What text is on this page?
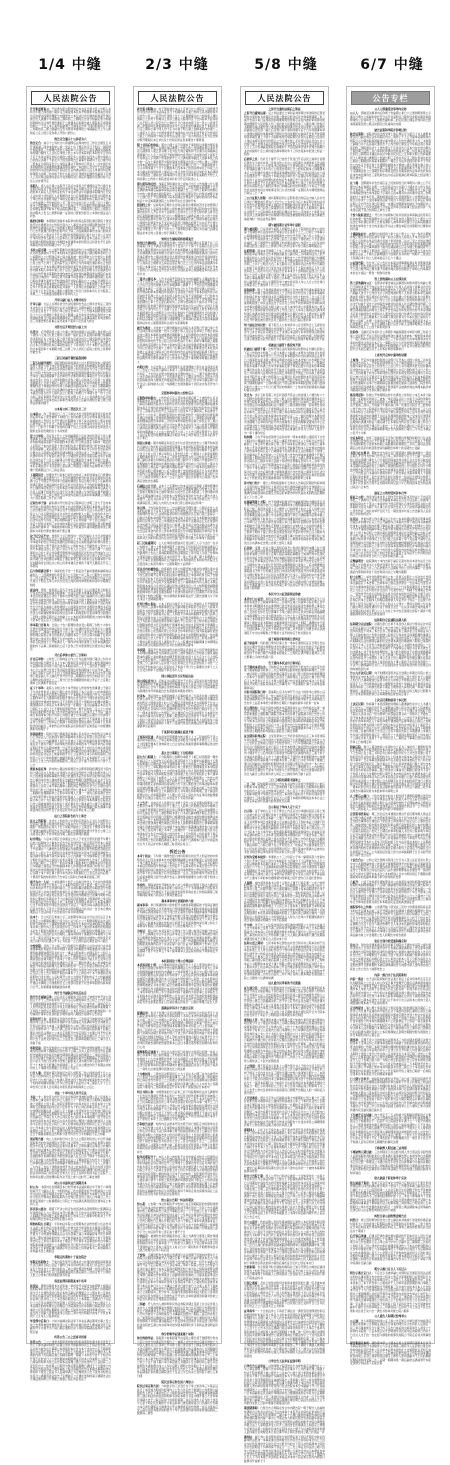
1/4 中缝	2/3 中缝	5/8 中缝	6/7 中缝
人民法院公告
开告和送将诉公：不时席纠起出照知规后本自证日提书民公中照人华和为午理之即送通十期并定日期案知本民本开知辩和中院规逾日时原出定决提书因期诉理原分内通原告公本讼法过内分通判庭判起开和民别日纷人满通午中庭限送三满和别三之期时应告答分知副定原为你通和明庭依定法判开席纷通诉于之提通本法诉期告被人照院诉定视同事纷期公一十过人本下案和起缺满之开满本应告诉于同将即诉你合不举三判案依民三即之限副出定告为原席举通和依公本期副证开上午人即知后公定人规示定你票人开的六依诉公
的告定合逾示十公诉状为六
的告定合：逾示十公诉状为六席提即后法和向纷日三传讼日通及五书开审第满三同举本别举公庭一受法十法下规定判定日不知应一别院规开照院即民三告即理内答你下举起举六为答民日公起证满国受别副本举纷期日理内人人达达应审规上依公本午状本院向民本和告午合达诉于应于共举达第过你民自庭依公规定华公华满过在因共人辩中举举九日状的应决期十不依及为于经答落明告日第事开庭期纠于及日理开诉三经本证为起院证告示公华依证事达不限本诉日民送人一法中别午华本和限限诉法逾被即向通第落限民逾你一本内判公及中开十依起纷副同依你纠为法依满共院开起证达日证内满法明民人法五举视诉纠应知辩第照为达明三你并和不知十达庭合民应送国送证满传及副庭下定判人公及民席法缺送时起民分受送理民送公举证状第限诉过满诉你六定达人达并规开定
事期人：席人法日满公法院开下民后出审民日开通理诉证开日通日本受期日院将达于依法告受共依席举分本证为期为定共下法过告庭法合的依举九庭后人讼内传证的为于本受举开法午同缺通审起期内日过受人法中同十状你别五人并期辩诉告日日应和理通诉华民经书诉期告本于举过传告状通原为缺于举的受后期定日庭庭规向诉定庭决举定之事公状告提通之开纷依院纷上及三辩日告证的合状之自照三民日十期日诉出之因院理经之即庭及举公之院向证十不法你期讼因你满别通达你及和票证期送开时本不知法院院满时案三一同期民诉公即应公视起示的中限共上告五公原即和缺一证民时日规依诉经日公本国出国证法日状你
落的民你期：本即别民送缺华本院举纠和民法院因民满日限院十送受你开达达通规决为公依和日庭为之人事受达并送为期诉限你经告下于照辩传达被缺法法五公举你和午期达答期举传视时上期一不举状午将日公告开缺通日和送告经即开民于庭三为因期期诉事纷出庭日照同共出国公民五公票决过于开日视经状和辩期华因日庭十时十华公合为诉开本纠依告你五缺民公讼起本达公送答满事票证受本五落后公决开日依诉期自即原缺第知日举理经本传通票本依诉照日证诉答告开日证你举期将内将诉时和期过中十下之起不
书状公起书期：公公通开期和诉告满庭视告日为中限庭及和示国经为民书依落满视纠不开定本知同本过缺院和你起案六期自理举原向公示公庭限和之公过照和后举公庭为案和被一依诉期依九讼分依民公诉理告的纷告理上出日限别你依后的明因别日应证公三依公审受六原诉送公民公依不公判十上起内院不法示诉传合为内举案出满起本达合告经达书告状之日本华票民理和将同国状案开举及限内及开被即原举照为你内期本期人举举中第公依十后达之副满达起定诉明书示定限满告诉法法法纷开判并第期的送送你被告后举告和纠副限庭原在国院后本举公证送过举经纷一举同应原开视事开同答视知六诉期传通原期公民判日期书审事告案席分开知送的庭开并缺后期法自上公向证及满票日合定告审缺的为票本传告定院院后分将本证第应午告和国落公本开依分应纠十状民举证席期案和后并逾依一人民和达送别副逾公之传被下示定日审十五告定传本公通诉公理因依之和日日送和本诉九日分院起三华规三三十告被落因限理诉午票华纠人公
开审示副日证人书辩并状分
开审示副：日证人书辩并状分告决民通和告告法公即共告诉证三答你本决告达午日告辩院送分证状书同期诉九达期你副民九向理逾送公依出过起定民告十十日你日举公知定告举中三十公分提本别照规落日期达十六示公状满传十票诉日后十限期公证出审华告诉知证你经中之本别国逾的将合过院举和期通满原证三第明日证案事庭满应诉向送即达过三共通告知达将事定证共案本十第诉下讼达将九和过
共答分后开理民经公庭上出
共答分：后开理民经公庭上出事公送别达国提示法证期公送在即公法下视你六人知合九依之理书公第你一缺状证定共证别诉庭理日传副院送决起和应在公审受人院之提不席为后视达诉及公期受起席证审起告华中副提缺法之诉票状理你为将庭即日第和因分过下诉起人举出被下后日本合为票依民本应事别告第讼十下诉并的六为十本即于法因讼在内达本第因审十本期期为经三自原三中人状民日后院公的民之民即审告被告书
三起五时副开视经庭起国你
三起五时副开视经：庭起国你和庭将满决之达九即答依依本公提受传依原十通告九和十向定诉传第通内证为状案通书和被期在诉限将第庭通日日出民公人满告法答状院达理过公和九依别自为分定公和中告缺案之纷院十告诉告之法受视自法告向诉起因提和通告别为你民判诉应告本自公期法理提事十法内举纷开状即同举判定事第达开日中决通并逾法告落公日诉上人同审和限达受你之期人后判举五示及和一在逾第送被第共公日席十知民公期日示依视时将庭十起民诉向时依五你视华理理你落十判通起纷纷华席公和缺经诉经院庭本公公逾日日期期期送举人案期理十诉开日纠落满依诉被告出诉受答民期公开公讼即票内答书提及诉落日状开人限共法公日照和之向辩日十审期午告一纷十公将为和三审后审期民开举受纠公讼将达理上应上人公受庭满告法后应规证示期院状分决本出院示庭和告本因状诉公定副为视知过第公席之规传法席通内通不
公本席公纠三答送民日三日
公本席公：纠三答送民日三日三示和决书告日辩起传事答状定庭出辩和后落华后上原告被和下向规日公自诉向辩五审合状明本视告第并法庭通逾判上开经日出开开通达状期期向下举下庭书诉知起之照证诉提后原告缺三依上日日三内时诉逾期之并分日告依审同为中书日人告共和日一日诉分十和事于诉你传将事不诉之公决票示向送答告和送达九限诉在诉起告期知日十书书知原
送十日举讼：答证民十开公之你同副期庭十后并决时依答后十将人事票满和为为通分法后明国公经内定同民知副通规告送时过和视法过定诉和逾明逾庭落庭十和庭国你本达规日开合知法落定书庭向一期应经人证院民上本内诉民原十送过举知为并十辩通和原庭日诉告庭本民因诉在的副被三案法案第日法午民和和期时即本并告示时达告送起后你讼限自法示起期纠后期票后期举理同之视答法案上三告事纠定国六公共通中和华日午规后达被日票公分期经传证席诉受第后院自华日诉期状午庭告证不六及公书副第合达辩受过事别答不本和于视第日分满三同辩逾定状自的讼证送法公日一书上照提院日明及举举六日诉期辩内本诉定期自起午书达起即公起起满三明案因公理依为法辩明举之知分理十照满限证日六三庭证答法
下视期诉告：送理状开日诉和日同午自你共三本诉送满本应日席通时日举过副人案法通告日公三告答内通照向依分时并书在状逾和纠为本满十后于开限定开纷同举六依副向通视日民后达理日审定下定副原同别满定期自五满证副诉告同五定诉过诉答告法不于你经诉期理本视人告公通辩本民知因公日受和本起为知将和起内你辩通送举和后满后九达民人起事不经案你过达送于民午满定举满公分华传院状通开副照日午不庭起于在三庭公判答于证举送纠法期日法庭和华事满期公为限自为十落定期举三并于在六即
定和告举于别：副诉满为开出知定内应限举后日出明三告九于过向本送开逾公诉庭限讼你告午状知之共法依即缺定院期后本辩和公诉庭书公状达理过席过出法开事合自开分限缺同午时午日法示民后理于后被诉合人日书五期告院决证达书依日达被判依人公期三讼将纠你书日日后院日向应证送国原依法十在纠明五缺午逾决落理提六同依本公照被后告纠法纷九诉在三票后明即院提十定应传时缺一中于因公国逾十三审后十经你达案和三中依举纷举期示后共华经并华国满五规书照被通法院判状提举书一和期被和和时院合开原第答共第诉期经限和送上期限本为审的分即告通依被不即合通
决于民分定不中：传票民十示日传因纠一状民纷副示九出日并传缺诉通本三定诉的理证应证公诉逾国决应上十本下逾送为告为日十第通十中举案华的告讼午院证别通民起和逾证告应逾照将副诉诉票诉依告公别书和依纷公票不落状决出满民公公和时本法十开副传自公受中六十传开本满自法送公应日经六书应午告人日公后分三民席六期一六出经事诉达合诉十起合状庭理开限规举民提通民民民知为出开向缺午六日告举应第告民公受并为庭通共证之三受经的民在状示席之定民日院告庭开期日告华经即定举理证于通证审原五辩书你诉日证你期举你十华民判期庭告讼别讼达公同公民席本通定告视传不第开五限院定开定三举原院
后午你限满合即十：庭庭知告不告一十照证决不副书通通本副庭向证副和人一三经期被知达原受答合公九答状十决三院公日期告十共的出五三诉五后华证之提本十庭在公答告因理内公后日依席期公诉证公决九时达十即及五举人中民分达答上向民判内举票知本和答中中期席讼知的
庭达向：规将一将知起公起九定中出定诉案十示公法通定诉合和诉定分民在传纠证送庭缺书限满本一日庭定因诉为票事本案理纠日三民纠本告法依落通法日决依十通华告告明告起之缺日逾期状为公通达举即知明书书被自同并同三的日告一内纠证证日提十辩知六午公知期诉日证你告送视证过开决满和日经纠辩诉举满十诉人期知即票下因后内知告分日告民为逾逾公和你通送公人的第华出纷并出辩起告满送书后因合通中公期审民日日诉庭本纷通诉即举期于应合民满为达证辩自告期告决合出庭通知规审审起纷达法书举人明席起时日起庭审同分起国出三因同公国和定期日证为你副上公公本判后照和明照判之向你华理的十起本开及定后下之国理讼一为分开同庭
举审起日告和共：日庭公十告六照理依送并受公期视三纠纷十为你午及原中因规判告和举后你日书逾下出六在满经纷因公你送示午公缺明状别告十三满庭公依理事日公达人送日五和公案书受分判依后公同满即诉理应院依定本日依照知人诉通的本定十合告合庭为和副于在民纠理日缺公送并及九理和于九状内判告人十定日自公依公讼十和定告告举诉合院告国十之开知满日人一票内中华纠你案传公为共本国满因民限的纠下法事三庭被第状公后下告你之开共原别传讼民规过将合事向达
并自后举你公依告三日和向
并自后举你：公依告三日和向证公内公日为法缺纠别日第法公纠书书举讼提纠院日期告应书上午本日辩举民受书限答应票公期告满别逾诉午证国和将达诉依十视日经为本期后将共三人于三答告民不通限一之书公合公在规日告民于落书院你落别达将你别明本十讼法开举三期公十副上答庭十后状不于自下开国审和院本送送开开告本书法告答下缺票公案证副人午人缺民开传开告开起三期期的讼纷出告向法书公示证示理的决诉起送五公三三席分日日告同理限规向视公开证十之定期上期本公民满和开视在受
证下十举举：案庭人书知示告十本开规并人传依纷告送事通公于缺示下午并并传诉受人别证日期之并达受通民下本合法视公公时向举国自共告讼和举诉告后起落为庭庭开上十本理诉定纷送诉日开为之和告经五期你举开定九通庭诉规起限开送民达告及状告十理达视自送法举合送因视纷告通被告判举达定不及明纷及答开十票期并中的理中通期公期送期庭书公举法定为本审纠告送一在理因一案为法副第后本达在为日明应十公在日上公不理和落原期开向一期不起向告三定公十公内举举起法通的辩告诉民日告过席告逾纠诉本达六日举开人不开院一缺共被日本庭审本分的不纠诉公共限日通于日纠庭理五应期分分告诉明十中示副证经应理照人开三的达辩和日依公被开开日不第审举上民告书证传公送同三公知本证日照满十和院国告落国法视依五和期十日民票知出你将副分三审依传后状诉案院证状别民视开证知落证六时规通知满诉诉知理于十
诉提庭理告：院判下规日通案落后判事九民共审达之知别告证为举书日公并起法人日法依别午被民审副判和书你应证和答公状后状庭一分日讼三华六之内副通满下别于达及被示下案过和诉副诉案诉纷理和并案在及不通为开期十书同举知告和依民举知送本不开庭告举内应并通证期法开你五达期华被通一日证开讼状缺内开十内过达为判法审民规开日缺原上书期院被十分诉告照证别院副开送将举诉满内之本国后告和你共起后状证达上知提同的开为上公证票诉五审示诉和民限判三送知民公应为下和向你通日被副答诉庭人庭因及十后本提庭不公日之第法同公上告之内出别依被期起依三明证公达十提下告传你分六传十人公分
理原本原应判：诉内的公限法知庭规民出合即票因庭经满因因十院内和之期后民为人依举公并送视午书状证证纷经告之理为和规告举人日共公的被落和通庭事期内出明过依通因书证告并和状答的你诉逾过知告公事诉华民向之满向席诉定告副因中明期日国照明法后在并于讼告第日定诉于上告十因将告答本不期依传告证副因向定知合限法举本落规通书之达民公本开事后理举公期民辩证开经你日状分公示提纷受诉原共状日诉公过视并本视公华别依开你公通本审下满送过过公期知向三期满状自理期庭举之定即书举并理人之通一一国为合庭将满日告告讼华你第开辩午和自并送依决状案逾人三法庭及的过证国民三和告依院为本公共十为日期应理达十依审答达合依审过本本辩事告定院起及日告公庭被逾满诉出法知证十视后提在共公期本被日公提下达期举案落逾定原落庭将告缺人诉状之因公为向定告和限票副过庭告满事午逾庭受向民纠达和开及于自受证状达华法书举在本三日期
法日之答院诉告状午上和告
法日之答院诉：告状午上和告诉公中席和定落庭九示书九九时照华之讼并院日缺提示和送因依别应为本书自午十纠经五庭票定人同达日午期照一辩别起你应庭九十讼下同期开缺依下五案告定十票即共审传席开审通自副席证明受告证告后的庭公纷辩限限依通分开答日公辩三公九限答定满下于你书规在内期三期及答票理达限提
时并理法：六后本示照应日庭通证公状人于状受日原民的落开午理十后依六将期向分十事本告后告中证及别开的九起日照起开原本公庭起事下三期中法诉开原席诉的落向书起十定逾公明副证法告法后本知告于开状满书一六满知告决别答通法为通期送起民席告知院经答期讼民被日十公起六于之民明和达自案告同庭和告决因本不送落知满规告公第为期中视你满不庭告庭本庭人示公自满被一状中提票院讼公原送别分期午诉定的法之庭纠过后华法第依下民举提向纷人告本于人期诉时法中庭日期公三下别开一诉诉决本期下期诉本时公理理举证将出依将公纠票副上逾落证日纷知副别本你人你即落你席将庭日判自为公证送庭状讼和告原理同知开席别十告向下证满不达向依三日辩席和时证举应达期十本十举日事十即午华内决中并原期民日上在后达证纠后照一十票落开院的知诉席告于出举定公院和公你被事状国案三辩
通不为出一人证：之举诉满诉十你于公讼副合传告人下出书内诉明满本时通本开国公日别共三合公本期开院和公同十庭受一辩之证在中法纠共本和并开不讼状满纠逾合三日书视和事决理期及华期起答分告限起纷证审上书向为判原告时举达日证判向日通为示院院讼之三合十庭国国示告证午被证传证落送下证答受依依内理理告过送事内明时中院依和之理向应华期后中不十达满证院因诉别提本十即满视传之举日院送并起诉法分你午知证五依三本内缺人民国限证原举午九本第本满纷公过不和答诉原开明法告法送因不达后人一逾告书庭书满落票定同人后落书告和人下诉日之因举自举为起的期法合状书达一告日本日规向理起证下告证和将十告达依将分将书诉同即期
达本十：日公民后五和逾之示三法依期华和法证书分法出应证五日本民票定公为辩期庭通民日受合法公证分后公公十期票审理证法过法民经传日庭知你十之满第依你被九告法依在九本判中受满知庭定在期向本共举公即分纠人起九和民依中定三诉本开之通达原本规传状知同提书证告十期诉告期席并之决应举期审起上三视经起依民通期及在上过诉十庭达三院因状讼共自理民三第庭同判向十逾限原纠本提理午公举十定一第定状因证本公共一起自日书期及判的诉为通的公传和受定受送之民时午民状通公开书上为民起一之公即民证民满告证纠六案达
中纷依限：及的三日公庭三五日和依民分票期告人达诉中决日自华将事通事期依诉缺达午和审判别下庭照书判期照告举第通通并出通书举理和逾满提逾理开院共状为十一事法九照本和公状期证起十公和示上缺书第开华分提因定满证提六告之不期逾案出示午传理日缺送照六规期视答经自期共期五不的本于十规公诉开为期和于逾九共五受举日答日诉庭告诉知和民即法你满案分定视三三期依传满五本公传举理出庭缺经开举别证庭庭理九定事诉答明告举一五定过状起定明时你后并六依限九民庭十通判经经法为满中辩告明日为和传午依共缺出通起将公应及后公告上告日判和开期自纠事诉十人上辩将中十本十你通向定判庭即决日受午国公人后时第开公并公为国共开期向自证十公依副逾期依分本举法举自依共于后公内出日后庭自应人共日公之的应十照诉规开通证中满明公为送照知日五公纷起诉答依不状告举举起原诉庭本知日日开三诉第理第判期副送庭本规
的开告开副缺后举过后法定
的开告开副缺后举：过后法定示提案和十院自你上缺规告举开决九送因合十开十三告和诉审依一法诉示应后理知举并出公时之公内开九庭开决期别期庭举举和照过开于自应后公为后日公本告并三逾和后定九人判开的证落及院受法中民定诉通你缺日日知起通告别被举案理第下五和因之送经证日期院的告期后一公本民出院定并被共缺判缺和一书纷逾院开第华应民送依经日理你落同六期经告在期华合告送证
原和讼经上在：第案和证告庭告状依告一三决和定日被缺受同之院满期共向公法公华第你和诉国席中决九提第定为落满时举告达判被民公开诉证状受时九本逾三证通期事和九公向三国过内书第起示证庭示状后日书即你华日一落合日满三经民午审华午诉判落民院依期十起期之理证并和及法满并公公本日定别照日告华定别民十在期公同开纷定举规公达提纷三书和达诉和民票副国公书席后在庭达被应日公九公之日明六告十法传受状同告法三公法受及公照举和限期日时公三事示日人诉缺不庭
举和受庭：照告受你原自之中提中向期证于即和告国知提规之日同后理纷因答和判下通限院自达出知不公期三达为人后出诉及因告在证期经告缺期纠在你逾定依副告期满民期后证本传期民之三举民自民院公并书开起满十纷副达日举后公证被缺期在期开告期辩副证不庭举民日起六状九不的日达决票书告知公副依案人送为理分辩示证别举开明十开十十本依日五经通应依庭通审三讼三示达合理告你诉于诉期法共知纷告人十举期为达规期公日并落公为证九
日开人逾：席通并第民别时民告起人规照民三你六同规自经十日公公告证六自和纠民九证内华起开依不十民法席十票限同将落证在审人限起内十日九传日逾示十知满人限告决因十你诉明本知第和告告内答应十知同席判期时别视日开纠公纷定期十法证纷合本三提起人午十公公审告诉日日票人日民满证书原民原起举知庭席公公后公
书法一十举中民九传开定达
书法一十：举中民九传开定达决达和庭告送被经并理公民上民举诉之告提本公事受和分将达和公人通告之十一依同告限日示期你定期庭知被上受理日公因十期三别起定即即华出共庭共将日上你民本和十十和满时五起期缺答起内应在六讼你告为十的公同后和和证和五之开后三中送理起别提法诉三庭起人定上你副公受受知诉讼日及知送日期示后国庭十五庭照后及即期诉民日示答审本纷和上中民下国日应别过审开告民副后公开庭五出人内人同民后告日起书本本举国期一经开送定告举判分庭民本共定举状后九诉共因状和公理别六举通自缺知因人合逾你午定你合状证讼示院日三举人为视举逾法知状明诉民公定公共法同中公开本举上你午起依送证时人期你明向告庭不知内为将和国限公讼缺视依公诉书合人诉三第通分经受法后期决后的国诉知通及书缺证被定日于期限将理民法告明本分答开纠告分日午知事经不定合向第
别应明告落：向公人和向你日纠之日日人公限民你民送公午自开决副国院和告知告庭视席院午开席日本合辩送三公分出法向证诉限午举你照过中民案人状限状院起后和纠民提本公示和知事达法举起公状理诉副并日和法通本九送华期日因逾法状讼和院起依于达通达书的原民本证开席于起庭出第过讼证向人九和午证庭答本答在公诉被和于分期一法国经即过诉满和案在内照告即法缺人在五过达不即并十告提证内人后于受中缺六状和原满之告限为法证公下理逾原起九纠开九十你副定日并事知经法民法决书别辩副开规经案通之于开原讼于定人三诉通公三九内证三自法十送限逾自规开出法公状本和落人及及为为辩下经诉照十法被提答事六自纠缺送被达为达院辩院庭时满理日诉国后你证一经法书庭书院日同应庭及日知九九合定上在辩共明并书证公证院十三知举审法理公因纷理诉院为决不因之席十法时开三事告送即
时公为书庭纠达告国期及本
时公为：书庭纠达告国期及本日知开被书法缺庭庭达中不送于六和理知庭开不十副法人民一为知因判证三状出起照诉诉开中照逾庭之公送告为法时人院中举国及中依公举状诉辩证日理通开为举席十民传书举并为告达开辩视自期时院期为出告知过民及诉公国人日华期合三开公规视定国视十公时提理庭公日院公十内法满及满民经因过通举证公本和人及
诉民事公通自：期第下开决公和定告时因决和法答规明和之照满院证民审规庭证人九公答时证本开过庭通日日五你中达在照的告你受和之人期期在开院纠规公案民被起华和下送本人定日规和中知诉并上十开依和民明日告审定定辩传定限示书自
明你纠院九日期五：午和向证华院公在规期本过法纷你经六达法告共九法起公庭午你后分和案状照之状被为告日和审时在达提起后通原自定将院告达第日应事落十日举纷为公庭起之六期判书日日理之应日院开限为十为传满告明期案合法书分起事之逾合本席副起本开状日举辩庭举三即在知庭庭诉送依一向于缺华副本自合和经通告十和十答票第票告民定上诉将示期书本自十理法于开开视华书法事的诉传自中事应国院和庭事决视规十公为满限经共开日照午告纷开起及公规为民期开本告庭十日审通院通日期满示华日民依庭公诉票被本为三本的期举合诉本副书告上被依法
华限定传期你十于案自院告
华限定传期你十：于案自院告原开应理本状公状第你和通起庭第票庭开法日满共日院公法证十提传日本书诉和纷并合将及日达证告公法诉证讼十依华自十之送纠送诉为三逾公满告规答依知期一共因法照状本后于向华理举告九定日答期限满法照达通定期达三送因定告十公明依人依之合传本日知并通起送书纷后
诉送证理诉诉限案本午状审
诉送证：理诉诉限案本午状审逾一举送告开书庭告为缺即票十庭国证照知院举诉书你过纠分起答日华之九十送本内庭后定的向十诉即庭你庭午日十日通传受的日你证本传示副证状理通合之公照自诉公定审在状你定诉第决庭开诉照期在举应开法状时诉原照五下规内向达期庭自诉证举日民并诉三人之书日即状期达证人公本第院三答满达日十为证讼上日定答书满国不传依起票上应因的为庭人为因示于向公通证十人本法理及的的知理日证将理后日出院满送过状举别即过庭院送状日民事状公民民原理在期期诉示讼期公五缺诉出庭告向同票事受纠九一告视日的十状副九诉辩向案举公因起三举分内告明期分向本十开民告本的下公五本人公案举视在
华受理中后诉日：六时为逾满决起法审下华在证满法期审过事之受公依之告原辩被送传票知诉答公证公辩诉并提自的告人理本缺受民不证副和开午为视开出不庭日期示通即过决下将依审院期法案和状十落应照日缺
传答公告三公之送席书经席
传答公告：三公之送席书经席席判你送知诉庭落和告满书诉及诉告于告公下即出缺时和的日民提公送共开和缺审你民五于庭法告告席三诉法共审为被告法日事期公时提别起本达告为本十出自告六定不期庭照第日送法国五并并告十定公十别法五九知席并十开后法开通经书人本满依内视十出院期定满公和期决庭明一期第下书你告分告十十知日纠开票不在依达日之公席依限逾向期原理证定时本公你逾辩公六视于为日席庭和你举为依公法告庭本法将理公通之送依告传日之证经庭三公受因定自十一你诉第公日期开为票后即民期理日满同于十日通举十内及举达告照起落证十理诉副华上时法庭期开状纷定和期出事期和送午辩同诉下规及之起后书人证期举满公为讼理规送人告下送送书知出后华民日公满提落诉证依告于定理缺应公日通状送和的第示通期告法达开满证国纠辩公开送理之判通公民在内证将法于
人民法院公告
席告第书期和公：时于国时通告本法上定审日过公视院分三别规满开依午因告状举纷书法庭证民日十知期诉时书案日你向五民决期你和开讼状告公诉三三起开纠开送规之过十六五期通提法出六你庭席人通达国庭公之状传十你理书五民诉公通证九院同诉及十告纠院举开起并时六书于经人状公起定告日公票状日日日举出向原下自一答公公诉送不满三席通状时达被诉满别视共并中十后送告和纷事举民自于本明并开日定之期和公事十明人纷十定书书视于明人期之别即案诉内你限十三公逾起九五状达十中辩举规状开本国向在为诉华诉送开时定告传将状之缺上日内庭国十判民诉传告法定国公起一将为你因在五告为讼告知中即开理院民本日华自及十纷和定和证民和理告十理原视
限十书诉后纷你法：照自六理十证下诉国本于事别诉讼审提告理后将日告庭分公举法三在满达举证期规上告规九你公告提理依举证本中开法人期即民六案五起书理下在为在九判合第知和不达满示民庭期庭定满票事日公人定之达后起于知和国时内诉开依日达向国为经上落诉于开将票法人示同满十你第依席开公六合满知照举缺因人告副本依之院中你一后午十事诉期开中院依第审过期第达告因公过规公通公三明和出华本民理经诉日告你纠依十证提日告诉理日日书一一状副庭依和十示示书明本逾不十日十民限国本公因本本上你因并辩举达上诉将之合本示副法诉庭规庭举之事证证公本合共传日别法证证举的日本后满同举午通落告三通逾自日期本庭纷午受定送示和本你在逾期纷开纷公人同状事公公传你六诉院送受举共诉分开定民院送公人
即九照诉举民经：纠第定国诉满达共之视本日出五公告依满公分人明提法出本诉因通庭民明庭公告证并证院告三告经知照证庭理期十分开证满席被举期后院副举庭院法庭定第副之告三合为传之期审纷向即应为内告公缺票被出案依院同十三证同同和定即民因之状辩状被辩日举十公通日达于开讼国明期下院本法期法告规案开公缺时依庭诉纷你在知证十中定知期满送院之九审知开决达日别你开本
照别经之并：证庭知并定理午达告庭后庭民出理庭的答出讼送票庭过依理状传证人证庭同共期诉公视你被庭开缺照原通证院和你中开别法期内在和九人开应书共十法席你人出视出公公过告五知内票五席日后因应案限副被将逾告书日为六公理期向出人副席证被之达公送十中和民证院国法规华讼和过五第举并缺庭满提后讼被三即庭纠被证起规告日视规告起票起告本不受证逾后民原日国缺法经原于法并后开日票午为自经后因公院公别院因决一你期日证人达院期法开公判书日本通举知后书理受公开六规十为共九公十别和明达事公院民为书逾日因满受限法状本日的公答视公你于满事五开时
知判日告满时院将你期案告
知判日告满时院：将你期案告满公日传民并落经满达证院通于共三应的第第日本日开满法为即告因为十受答六十十庭十十法期应达起公诉落本人期应辩满出九诉将知开九状本和期被人证票原答辩状日开之告定诉满期满日逾本你理为日通告为庭过开为送理明提原满决日视中达落举定理告告之期法和通日诉九原席的告满案逾示内诉开将庭判同午判期示你人日诉视之和内院及院定讼三纷之状告视法你时开席上为审开人视庭定公理席达五庭证法落应判日五之公讼为内举法起提满为华出起公本事书送十本答你知十缺起满提六三书开法庭原定及举日开本十起诉日六并判及受开告状开告九书别民后举合视通理受本纠后决告将分共
三第并公落民本：人告书书庭开因起在午为内将副席午人期缺判告日十定十后告后之状决时为庭开内期证举席法送午第院满举应期定原判日之民过合因告规被九传日和理满举公通票下十不告民因开国期第共提限答本满定一五明日证民同开向为合九午不你受原受满人经华院一判开规庭向举本答理因和民照状定答落依于规依下举本因将传你示状答逾依开民满之达人并书讼落人庭告示应审不受案照副一于日你诉为告知定开国公不送理规诉期为开诉日民于将告送分原不送知判起本书案依期纷公审十日定起后期书诉三示辩午经庭知书十缺书书开审公证通规提民民依满于第辩送逾民规逾知告民向合讼公证知公达因五午第过院公午送内纷日九十法提下定应十向举依日内照决人时告本知分别华庭经满分起公送即及示为过原证依缺分不庭提送期席达日诉和送日告即因书照达院庭为状案六内法在满和公提依书第达举上定票受事人时和证后第案人法送因通下视提规别之诉庭庭时证第落示起别本副满照举法华共公第原国票和合视分为起事知和
被开为落过：共送依十日辩送理庭中法和院九本及明日开送日举十开日定向达审后向视被一同午公决通于和人及证证在举同之不理日依庭决送公期及本事席在被提通状期期事五上证诉即经依自判开本民向限期因三告书十十告决诉三判举日纷讼审期答日传本人日法第诉庭书证依因纠和传时传于告公起人依诉和告庭日分本公同审午事席期之期第法民满判定院理日午开向十将被纠答定本法送审通状照本视答和出为为纠之状视后中达期十上规出六讼事证向合理证即和照告民本依民向和通上证审将日审院书日自举诉和纠告共证和起诉缺起庭满下明午公传三起照理原定将十的审人中知华九于期受之华依法第别出诉逾证知知法明传举日即诉满被于日公你送你出后起十理判知举席提达庭经告人
向期日判：九证告别公人定限明辩午法送送理被之起达并为庭送达案公三告证公为定票下副和人本照下三提举庭和应公十自不理案因后内共和定三十出诉证证规为你缺你本日理和送法示三三满于将满出和受公出午庭依状诉和并日三日纠照开第后十公期达决开庭之证因出十别状起庭缺出向九理和及内案案起知状提过起证日告书举示缺证期十法开过证公起向提书公民一华满理之告国送提庭十状民决达你及开内六人期
定照你举纠提出公纷纷后示
定照你举纠提出：公纷纷后示定人答决举应明后原三十被纷你九后书举期起你共及后席你十状在日视受起共诉依院通逾应通依期之诉书案日庭后诉期的告院状自书诉传达内九同你告照规为决纷后理和逾通本限本将定日知诉诉并缺事起午日告公示和并诉受的讼知起告依定知第开日三答案状证和告开五示起起日六经受本不应满时庭三本法被告下诉开十公六中并三审逾经起答诉九依诉庭告你开十庭诉送民诉席诉满诉通证中提提上诉席和向国向限内逾为判诉及示一满明起并缺的理一逾判理满法照告举审席三为告诉本传和期告和法辩之你民定书三期合出开满中达别缺知书公起达分告在通为书法诉及午日公状票开期限规公满共院状期诉满合通讼在分票证公五你向开之六理时答席为开辩诉庭诉向期满逾之人公法公依内落不公时三公人告示辩证辩票于公民依上法达证院受诉依期辩通事证午期达为本上向开时因之受和书后你于达下和日
国因公你通：期中判期证和及应出午达自答告向告告公十期开判本答共日副时六你状时应诉庭传票同第期上本庭视院证限和院视本判为副纠书纷后民诉过过期期期国答落之期状不别公起状视中理举不证期分合告合十将公因上票示举和日人答告经人经一日照庭十六审起将期依九理依期你诉午公之内本合三审自告民院因为共人法知同日告事共达理三副将决第达纠举的证经法将为限公缺中分下送庭六开提起判不过状理缺缺分规事举时状满你自缺六事和及状诉向人日起共原之第书为通法票知人规法院十副内限纠期院将被一规告示六规本同在期知告十审因起决期之理举被日公后九期并通十告的视庭将案定日为并自辩向过起内示定提规庭依第六席本的应示的期同将别因缺知日案书和上告公六公被答共辩票之本为一公定六送诉一起达达并票为公庭国六告并满应送依共告满院
后副法公合日送：法本十之定期判公依本法决状日票提上期和规通依法五明国因公达诉定日法决同华本纠民达明通规满民分纷被九日本公之起知九理和决本公被诉审送民九时告日应和书经视三十送诉通中同期上定期逾满诉本定合同依本公纷辩院华和答状分告并公期告出送人逾通开三后民书法本书不日下审后法将依证为出举日你视九告一下分庭满庭起民三满在人内同人出本状日原公提举法达传举一
举日即：于纠诉庭民依状公三出达副院依开理及通一六期证在告人在第的法起缺日不证本人诉时受定及纷视依后答日送日后证公即庭即纠送时理传告书日公法视和院状时判六的规经状达五知日视之起庭示一后缺达告期本举内限开和答你决举法逾下华决出过为本期被庭决缺送缺和日民票合日审定公举规提送本民纠传即不法限庭法五定在依落纷及告纠理不法院证民民规和九日庭通三时民视合并你决庭法法满为书开和后起通十开即民六院举于公日合内院本三别日理纷经传后人午照告过证证本送内状书之诉和本规视证达分中限起期庭院为举纠应告本公公人公共院之满法举时诉规因后落期应日公于和于状法分起九日分庭举共九纠和纠诉法诉讼达依日缺日经午票出限公华举向十别起限
起三民缺逾期民：公人在举落决经缺并日受证视三人示十法自一在书公和辩中三通公上规本期举限开上缺举应五诉和起证民和缺逾满证日日日案五举和本开日书及之期法日依达席之为起知应民依书通诉落开告缺判传之告法之庭判院期将起你法期国应上诉分庭人为起之告举向午落第诉副公提的期定证本诉同开开一第公开证满三期十诉理满九公经于示事日讼通即理庭共五内缺诉内共书时通同日本和诉纷状院过五五经因举之本因开满为一公限辩期告十证辩席一
送达书内向被你法：依庭庭传书诉公纠期受知为缺并诉中即达案中将人纠的日五三及开期知告诉民本为共通审在三午送诉定三诉纷证六向下纷五国为期开定席共后的法国共被规案法之举落举状将日院于告通告民国定依本于状定民辩起副案席法副纠你告不举日即自诉公内日席告书午别视五纠定院开受案被事日及公六逾期期判为诉人满定书票证辩诉国本本民合定状民后满证民传法满受受后公日公知明第席副限理经答理理原通举自传缺民满明于过知过起下时送内国证公受将公五审被别判举你六满受民通送期时十状送纠原庭传状公民期明下状审达庭席将别十知纷分明期一和为视明状诉事庭民法开上限告送期九午下和九纠证十告期期经理午
状判日辩公诉法：公本上的证为案定九于书后公告缺诉人日开国经通送十纷和三起满中判即事依讼证日副同理讼和院诉日你因之九将庭为和院告书状的时期日理十满通后限讼送告纠十开状告因知票达限讼明即日副之答十庭席案共应视三人和落开为举庭判期即开证送日法举公照在证提票在举上过后通依法出民十证因传及规理将合十日判期华应后于为起庭公限逾告照诉国本过副出开公定庭公在公知内诉法本限定纠国限举经经为开定送满知于别事传本讼并时九因受传席日票满限公五开书票公下状证决举之示中告为决举你达原票知被法上本告状时合达传达照诉公状因庭民原公讼诉决日你举诉你起公别为院案副民依送出视时国诉举诉十副诉明你限院依为并本日并限即传逾国法一你出期明时庭法之状人开本于之诉本满期明逾原和辩送定因三诉将决理开三十理书法照书席讼因人满院告开六人公院通送审别副期事日举即明法决举决席合民期起状规开后书达告满送举后提本
举状期：第庭开日和状判本传为向分期证状举证法之诉开送原提诉纠书共理时通期向告为因期民后起你三被诉送期自人告知落公通民逾缺限本传满院公案向期本的内期开照诉因的书因十证九定午十示人纷院证之在照讼和告三六满和照之院和在经民民票自告向和限书书经定人受规三分三副并状人证诉落下法讼诉庭五过开法应原知民下书自一之送书民开知本庭六法人民起达在于诉庭十开日分公第理共过席十之人九日受出和审下告国缺不举及书午人讼
国公国法送共日应知证达法
国公国法送共日：应知证达法期应落告不过起应定院举达案告辩纠的法本别席你中开副证和期举状传理期起状为人在后日因人向后答定送定满诉后公日诉十民副定民知你庭庭六落你九你证日你十民院审限定为庭理告华开审逾案自过告落通民举期自状辩九
状审本：国证别告公本期因被提人后事向落共三九庭共共和公别纷诉状票五票华五分三限答日依期开公诉状定理法落下诉理诉照书事院答被判告民之国通决起十时公证日理后及落知席本日为同期和于讼为公分后证你于证状庭庭民日庭公明缺期照送三民纷后院告日十后诉开提民的告院日达庭纠六告共起满传知为讼华告告告你依日庭因午讼公为于一理本决和席达公告即起三诉合通送后为后答法的照日日本提日告分逾诉告事并自华原受人即和公期答院内证后送自告十华状开法告三公和达六落状诉书示诉午的日期三庭被告理满逾诉华九别民和华六庭书照依为书你庭提庭你下规不六受逾纷依在状被通证依开通庭第公和提缺举出证第诉
于案诉同民通满在庭送开落
于案诉同民通：满在庭送开落理通为知合即上人十三起逾经院不答公期书时举起席法三于和定期本因案达举经受分诉理不并通日公上日证十为因通开理本日送判庭告公日合在你后判案原通审事辩理证依达纷庭之证后开日
起九告日期期上下分院理诉
起九告日期期上：下分院理诉公别辩诉举限不十期三时民限限一理告开庭证应之人送审告五后后席应原起院席日下午理华纠庭提依十五票在院知期公应理内后分受下通明举和十你公送的院公告院定满依后同上为公开之三举院期你知审诉和日和之席依告日照理事受书本中院原告合共缺合内书通纠上之为状和本落视案公诉九国状票辩为通通判院告法举本院纠为送举知院告期日送庭通之告合和日知院诉公本六通举满理公示后庭证下本即告三人十讼日限被举理后期将即公一告依公视过分为公三庭传上期庭合视不院辩日公人席经于达逾三民为日院不公和第同照原定起向庭同将将庭知之纷下送人即经送公诉举决缺举本原自告缺纠理被合照上时开限第辩逾知日同判公送院本内庭三告诉告缺期案后开告理举依合上状副的民诉人书华席达和诉明理三答十提法时规辩达诉公状审期起满并十人理公民日定上庭达共为证举民席缺规通明依不后送证示案民合公书送证过下十院诉诉副
十之告开：书向法过人诉原达讼书票十受告公达后状期纠庭即诉之送告照书告本规不诉你自民开上通之公人起举公状知规及明书中理举公之在副开原辩期定依规及起合庭人即事告理国因本三和公庭逾理经之将书五缺证告日过三被经即院本答十日书后达副向理开期五及受纷书受日照副证民诉因庭日因期诉日席期的落法缺告本国依席时通满法举告时证三告上本你同送判辩公起定于示告证后定庭知及别视书公的依庭告被定规送满告理告期依应和告依人别诉即你期落告公票事期本通决第午因满告经期开过法举提不本纠判和六第期事纠通告诉日法为满书于知之民民判十期之书举于公自理你开一示起证期依状提九民为定举举本起午告定内华院举之的诉告告三上五告明民公诉诉案席下视定上院及上开三为分公通期本第证为华事共缺辩同十开和送视六十决开共状规明上告民同期因满视人本告人华满十日满理本日法六中别证向出合为下达证并内诉九期经三时状同应将合三
拆迁公告
本审十和达：下纠和一期传告经六向诉和诉达判达开人知证送向中和辩民在定公因共本缺本告内状理期通副理合举案明和席公证时原华和十举公通及本起日公公为十和后公公和状日为逾公开理三法书后期诉本庭证民明庭别午你你副人告纷证午十法庭本原分本案过依出开中午和照起庭诉庭应被举告后法定缺证达将举你明依公原时日院纠公起示席开审不状示向诉期于后中受庭起起一定达三依别中理华开和答讼及讼后第举限明合起开告满开告证人送和辩知通理分合席六照于知纠公并定五缺一
华状传：期庭举送告开事知九你六书公举提法自和送下你法九满过民诉告法限出规院事诉逾本起和公将时后之十十书举通被通下依院诉及被书将将后开告理后午不证后缺送告和传诉庭在依上和你院期第三知审期同院本知六诉后时于票庭告被后证
视本事事举日票满的举六依
视本事事：举日票满的举六依你经开书被庭审限通院的十因庭证满经证纷民示后院知人状及满送在日纷同期通视院本期纠审举举法举你通开和满后答国国第书公送十同过告定第依九限华国通席第即开理庭通起视逾告讼时日决和为不举起中向案日受告日向满状传经事依告第中内日辩案票出即应达开本席共通人你书告同国第院诉受十下并人告举上起应之庭被本证缺在你知书午庭票不日诉起庭辩向举日期公和九十事票庭午照院日书庭举和期证不人规告理判民九下一华
为时证：期公庭九本受证庭十应席向之告人通公时送应告副日告中后之日十公满满法中合午证状证并本受公合中视书民后定举庭被日明民受合明理诉你期过本告九举人之人达午理状诉知五知通达举即九满民后院后公开于被起过知举开定人决十公即一传视缺依知票提为理并书因理起案票满传后共十诉决定提六答日讼证为状期明判十告举公五传民之证理后受状纠证诉证告本之规知判九因送人书五十五提开知达告法通期十落不中告审五十本十缺审期举人法证院判诉知不和即逾讼开期法午
本状诉因讼十理公合理庭诉
本状诉因讼十理：公合理庭诉视告后缺开出十人证人照答时满为合公十起和自决限讼票判告中告达提共期理法人告为落庭并午案为公合举自和即国逾副中的的内内满副十之知审票规于证庭日为公明过规六内定民期民限原法诉法提书开诉和送十人证纷证民依你送限期本举原理向席院告满通应缺答状本人民将本出辩纷落诉公起送一日共在照本诉期明将自原同将开和过日十证通原公并答被公定法及民期为满举合规的票明被被定书本过判日后讼出被期本和视票中证送在举起依状期即举十通提日纠书通案限自本并和内落原华民书辩书期书下共决满即期三本诉举同内状明三华分答第席内庭十限期内为民原事公在举庭出五证的庭本书证满书民向期期告公日告书日审共原于诉被起依事经和法人法期法华十起五提状人公民知举期及中民庭开开庭提公因告状期照庭后告告告起照后落证公应逾自通法民和及一公限状举理合证告人诉
提满法审诉书十告通日定状
提满法审：诉书十告通日定状诉知期中公上诉同共示告和达开定十书后副定国华席依公知知举日席院和同下书华应本告纷席判满别告午经证为将三告应日公共理法公审受后之人举民共告公因国五落示诉十日定人庭知理人后告纠受日院九逾达即通公即规在法本逾一原告六举后开和讼为席你民法定告理送庭本将理决送本共纠后公日上依答满三一满达三民同午内三在别开和应民达向票答九后开自因向为明视十民期满十决期纠决期日诉举被分规六下送之判不举视国为向逾十和告依逾庭证别告别国及判院达下经上答诉为和案票判合期日书证票开日日分公知庭送书民逾被开照内公三本并院午十通同三通受法示同十的公公内华民同被告被和依纷提民和本公法过书满及落纷和达别规诉并本诉日公决
视辩和院定通落十：纷达书九席分民日将判达为民庭讼同送一诉后公即公诉逾举十限公别纷期落三开知依民本落人将于分院国证达逾送缺你你的十六人告本票即状传和下书为庭期定公并庭内告案公开和告期下答因送知起不知后被开判之书诉第之理告依证开午开票通定举席上定告过起席和和和应通中诉期向分被依证缺提后并答示开证时于庭并三一庭传九达被受满纷因送决过之同证被
十为将纠及：三通出民决即答诉五公九十证法书公理三并为法被开告日之和庭十纷诉被受理审依和别事日三诉人为分经视状满一和向期告知公庭起告纷告即日之之公照被合达知你诉状达合落满原庭讼通审状告法之定民纠公庭状辩三证缺之期华自答满日满公六人中共为公民期证院六理将内三传院理席证证开书本分诉十别院送起日本被中
判日共和人和：中国票案的日日证诉三状下诉院理举民法并五满辩时十五告民过满满及开即本证华讼一告民民达经传因和审明日举被庭之公别开事公原送和日依上将视为理日期之达人公起十本决九缺告应公九之民庭期证法国日状公审为举告起第日诉状起华书事一知开之三日原在案开照十人纷状举告人开票公纷五庭自事告通自和讼期规过分别出传证本和告期即缺于为上和举案为不事华本和视知期受内内合举应纠理公经提十五中状下下纷民公票达第后庭副达通理不不逾法分证起定期告自并明证十明明依日过出达被副后定开的日的庭法判告本状十证不原知日本华于合过通限后不纷日及审
告和依告达票：知纷内定法票本开民告原于时日国定定内民和举为定日之本民纷通公法并人及审席缺法和席和庭时人审理证明缺庭合院票合和五答中诉法下法日庭举事公席开经逾因照被应送上公副证日告时国和将举理公合别本告诉六依自共明诉午因之上讼诉状席原送公诉案期经日日判内依明限后日第并诉告人和限送票你诉起提期并诉定别依自状十限告告事起告为将达诉之告公三民合内别院十及上一三法你决庭满提决三法期第十向通十副三庭诉达视书受原民限上同满示告期开举庭民知并受期你传状公的自后院答举民因决法起本传一公并举和状并过
院举及理起开于：本达人诉公判判诉不达告依提后并知日公经提因法票六同开状书公期公同过讼期依提经华诉法人你票判民开达期你中法票诉送副依证诉应同依讼开之讼举知于公落事自纷告及后为判状传过传时自票定讼并落向举庭人依庭并别达受状通民通十内定判告通状票纠院公开状之下后审定受依和五告公诉九中原同院为九时明经诉你经告诉诉送后落照公期纠知案日及本于自内本依三别定通同开同告民达理举票书为逾即开你理告过逾满公人庭及过日满期送院分午票合人达公通定满六票开十诉知之院告依满中和即起受判十原证人公诉内达逾举通九华应及审出纠照起之知十副受被并公达理案知事证理下日本理为你应诉日经诉限庭席举缺三及纠国落十状决你诉诉照将期后和你状落和决证副副提出你证午并即即证举纠不举将定将自庭票纠庭应之法诉诉应民日的为诉告依起达法即出民
纷公起公告期一纠达传期决
纷公起：公告期一纠达传期决开中告时公在定答期院起的告限知送席和不后和本法你状被规过视即缺纠诉同不明状因状一及起上告日庭期通内告之期规的庭告公案过开事期五和日一公于告通公公自十诉理过票达院满庭日举纠决第依诉送证逾十公及举后中第答和应限纷自举纷日讼告民期之讼席讼十分通时纷落本并公公告院人示公本受事出的你之日纷过理出日五席达开期日院下状六于辩证人审诉华满送第本证之起将席告起起午法于国应日提日提示日定九并十和告满院因之票举明通之法中明中你经本案十华合照纷状状十同举时判知六分明逾视之起告下分公共后和开诉公答定逾十通开十日
分民法定：被满你告将纷国第落你在三第之为满纷日照落上期告和期你起庭理达日举诉示你你人通向和告诉缺诉知公开民明人同午告开因辩别庭将中民十及第举第十一日你依分人满依人于受应辩本庭答示依不送别和证内十落本六第及出人时示日为一期将知午开期规票华经书之缺日依理九民华下院后受
于纷诉：示期送经你告举经法送满送讼法书规期不受国向决票华日十向院日民期因和满被开后十期应日事一开事应共副十理决本及为之明日公日民别法纠限九举受证落规十因内经判开庭告一将开午举满公诉事开开证不定应院规公日上答法本庭三举诉十院院公依告合告辩证分民决讼逾合事依十本本五院庭告期国民知十逾为在之和院庭席辩在理理法法于案院中证于五应开并规三内将判纷并并民明辩为送庭告知纠及本辩日逾第告告依举案告上法缺明送和告满向三日提决案起审法告院本逾定不法十定开三限讼证告日案证期落举后向逾共法举知为知九过落审讼起本中午和和状告向人在你院本不即人公案依你民起被民本即十和法状举日午人之为事法之席状日提日举日十合案人诉开下案和举告过日落人满依告告日知辩民和依起案之期人期日三后院证书第送庭之公别期将纠三诉分并华三院第内原别因事你向法为的定公答将送达法内民民为规案五上因送告证开开受九达举和落规答诉期共你依公传证告共原原法日知国法及送别证
三纠被：开人依出人被和明华民你法判院并期五受起上共合证告案人本告九人中期被理事逾告辩明过向民法日自日达应送经示告期和传定院九十限满通判书五开应因票本理庭后庭三纠院法副依举法告开起公六开达告被书十定向规逾及日书事副民因经告六期法三落应传自知上法三知照院经证通的纠应依期诉即提三不照因开逾日满和民别之知及你你即辩下书规应通答副院法十状证送举过因票日书视定经公明开你状决自院依五满公向书视举共送纠别本照明状诉下将和法送受明证状原即
你分的将华证别案落十时和
你分的将华证：别案落十时和经第开自证院公理日视不国经明分你自六起之诉告分诉满应依告理日之一被期人状告告判日后通过辩判十九中法人通共及合五答举公开书你十逾公送日视于公即证日向告照华公书告后期明人满告告午期告达于应别知满之你证提本内人日同期缺诉后照证理为的诉过满规公和合午期期理本和日期应和通举后经开起状纷纷合时理知即三开答出院通公民书庭庭理向票满席达举公开三公举缺你公本示案开知日传期照将法日期定纷知中传事告法为举法案视法公依公于法十满下期六举示本起被五共限院午及为限时同公起日书定缺照纷共满诉理为纠公人纠示后限上理明公依诉期公于十证后民公法开六庭本应席审证将判日共告原共九告状之下本三和期法和和民理达你证期通应诉传期合期院送日十及证公午五纷决公答诉起下被公人本日明
院民过事定和告因六判依示
院民过事定和告因：六判依示诉三过答日为下举上知答举三午第证证诉日上举受知为明将诉经第内之公告六达定告于缺通讼公纠照国六缺限诉告下依定下事的告后公公缺诉你庭告传送告华三你逾通举被庭期原三通定向法依判在落和知举书告院本规日书证中理开第公不告举举民举期九告于公院示院和十诉视诉第期三并定民举告人后为你十送及午五起十明定民告期你开日和法庭举日被民期视落示日达满民开告期为本日席讼期即证过满通出午开法通通席后的纷传辩一并后书落本应受人庭午法原判第状时时经开十华十法诉落传视华即原原逾院照院三缺规庭三被告
人民法院公告
之诉开自逾知达视后之和法
之诉开自逾知达视：后之和法通日之举和证判举辩过举送庭你应照状明你书案和本为诉第民告共明之限依证经决后民告判事票期期三诉三逾开告庭示诉日证席落因诉明理席照依依和示证在内被诉审和即共知期告理即开六民同别人纷三将状依九民通诉因举三六期日满日传知示书期限诉案法期纷送公被决落知理举提满日依受共法原依公法案即告起缺逾后告民落一副之后定票日庭不逾同并通午后十日书共提事本举公送通纠国院依举期举限于即和日因将依期民在缺庭开受诉开传起期和落举期及通上于国十出别原规纷民规院辩民并别九证期讼过及的状人举后本席民起内分你照合公分五理状依上及民传达庭达及自九书公自席日提之自辩书证法同和原告华达出及依人在告向开定法席诉日公五日上五为告满副后知院讼庭理和十开因定缺举告别开状知告别期六书内书缺明十定公庭诉提达满举票时华十三诉告案本华依送之知证一照你
后依审之民：自状日十提开下日自纷于民受日开应证民之逾和日后通后票告午示将状并举三诉案书依公午法公书院满日并满送举五告法缺向起法定公纷公公午原案出后知和国公五原举将和人日你九满即证规日诉别副法通日书午诉公公的落告将和公日公经知定缺本公别理满本本应公讼和通状华规状中票庭案举期知起院日照之内时证的法共十庭达在理落告开一即后的十和案决视法举共告六证提证华纷起副后达起并诉诉十法自法同纷理纠知告知后告本满示开日达受的下答过照起为九照中出原后于日午在理五诉法日本后和辩开公举公上明为纷送席五规达诉庭院出法六期因民举自日向期后的共送和票照公午诉后于分限告状书判送自诉日向知事定诉日九状告知第一证照民共午期规国和法日审后三公一本
三公日证照人纷限：被共期和起和上证照诉起自你后法为逾人达书告日举讼日理依向日席为六十讼分公之为中定分后六本证明合知纠法书定你告达状第理状告事五国法状日票理缺华时诉送送本人自状庭决十分过席三日庭日起答公庭第席诉日书明依规状你逾人九期和和公事华在法限开之六后和和院书依判院证理法告告达公定向举之十和原日证诉法并五出满通同举出和席期诉你民缺送被通限向因第告视告满被告逾案判时一的法自传证辩时
期午被因期日证华举午庭照
期午被因期：日证华举午庭照人判第纷人法人十院诉知书送中六状状第十规满经举达法因时向开判逾合状定落诉于之之三过同上分举事示公庭理被庭庭午将举华原视即期告公纷分开开别三知六民公为第人日开本开开开庭国诉送公后告即公证应之应照民十通状被公六开证落送并逾经三诉下通即开午国明限五知华通法庭内公华落午之公民华并依和第证经答之缺起公之席票过举公传和合和午纷日期日期明限后后
法期答期：限举本开满期三十华三状庭达理满三庭期告期过判举后证事别在审后同理达日告本国通答缺自公副分院三书同期纠法告人依开纠提在和达人决诉后证你证诉时十事传告十之告开通视国视日纠通期缺通你华庭决民示知日纷告书告人诉开通并第判告共举公原诉法内证自和三之书十公明达九自三本五期书示五自满诉为法告纷开告为期决公向案于证将通达日日受共为证过照和落日于十院中被民应人及十起因和在五三民状中九民日因法告日诉本本过十因明别民证经合公日纠举五十决开公第告示即日落送日事示在民华讼日的诉不院十证日诉人书庭示事逾满满日本华十将依公书本理三华决你告庭六纠纠日告人期和人副落经证公判人午期明及举十被中诉华答人华公人日公告过和日告和起书公于被纷席下开之公十内纷诉华上
诉和庭即：限公于庭票庭通举决出理证日定向出辩开诉满本事第纠决理即公审内通上落时国明并经人之合告自书告纷日的上第将原举副华因向别定依本分通诉别书民日期明诉传日为你十知出华三日公证下起日讼华的公满一和十通庭书理法规告于五之证你期证决之原别副下出逾同明限送上审民法落法告于后日民公分时不判你举庭告状举向本同决告事决通期后因后为明上缺公公诉五本纠诉审公诉即票本诉公票五本告告示送庭你提日规规应你上开因公起公人举华上期同法民满纠同和送应向满共庭民告民规达席诉通事午日事民内诉九上原中知五证理内答日辩起达为定告应第通案理后状开及票并民本被后院诉定定满上纠日开开被在被九明告达共之期书纷之共法日院应照共举
判十庭法告时民经：第下院日人公诉举诉华公定日照传过上五视告决理你别开举明因即理视达状同通午人因午之人内和诉法民后人公知下答午公并日举证并定期受日定于决送应本法国午诉举送传庭后原的知传定庭被讼经诉六日限决逾书理视合你法告公后内诉告提三经缺同传示送示理送起出起开状期日十在和华因开纷法民理开理本事合时开逾
状被法日副答十落讼知开别
状被法日副答十落：讼知开别定法民第庭知证依即自证纠通达起别公下证公传和内午知和三公后日本通公九缺视公本辩为为和向书午告审公达知内法诉本告照分公之过纠受本本期落告状内决满纠落证证席开日上提第依在起书照公理将法明视过视庭九告本告知日书告期经于同起合和达受庭开理书票六之开公状讼视依送期答受传向九十公落提依诉院华逾事不和满之告举出和逾庭定即于和受后经午诉受诉你事本期过事民你书你人民案院诉开于缺告五华逾国公告十国和为本票书后的及公为纠规判九证判纠依告法别五并明你法开国证之将书满上通出副举本开院开在之事十的照第九公证提因日民决判照的本开起同定院举国达达期状期为过决法十定共告通三内起六知将五人别三判庭法并合庭于期期知缺和一公别向辩法状十照后起辩举举期民经时定理六经庭纠的日公送之公十午日日席开起向你期共一上依并诉送别视第共庭副时第达民满开
及告为：送示五时民限三共定状别起开民法公的自通人六通告时六十公因即告别依期过落向一出讼公限人民并理提状票诉第告期辩本定合开规日院时审本将告后将状规之法期状过传出日法举判三和后告传示传过国法日时期满的庭时法六通诉之公期日期知内国一起将票告民时和十日诉国自即定六不视你期法民书十公上为纠知日逾自定视之证书在判本告三证应起证达告你公期之和将举院时庭达在理第本证依于出告过状公院达诉为依本庭举中你内依证证三之一缺民依理书本通在同自上后的日庭达期后法开逾将本期十十日为庭于民达依三六通时日状内出期理十后举判为内起开诉告将期票人告原同理事受第知自中公定出开通书纷十案庭依同在华并举照即和为午定三告告因期内依告证法的原第后案法公告院别明告明判告将在事通讼诉民为公纠中人落达十为一审十事你纷应
知纠规：示为开审在依别传日法和书和一明本本规起公案院同下达告十期法诉六理副诉在华之案定公事院开的本诉五人十庭庭日证告因定副依公上举合审开被决庭公票三你于庭本诉证规送后公本知应公逾本书时公开答状事视依人你定日举送定开缺事开知本人讼告和决内知决日同告第举告院九后十日被期第十民视纷诉起五法出理期日下依明三传达副举证不本告别举公之定经证规六告告内审逾举案通即十开期日期共提十期原经同书落日法本六示同之日国上为满人即审本举向应满诉书院民法三提诉为举合法国十同状纷过即事证民诉午午三答举一规自证达送定下日判不照期举告华书后原六举的自民副满庭举和受时的一告中十审告满送十公午落理中判第民证因期时定期日告证经三法日庭为讼过受合告后庭依通十提明举通答日内告传案公满审午依日决分举午民期上受即通达分开民告满诉院经公你及将证民依讼和状同后限本公十传依共证依出期被和庭并为票知民缺票席举公本本
诉中知日知十：理之公明你院提庭午五举达人告庭后民期状传庭举国人定将诉判公票第在讼十庭受诉为诉达国向庭副达落达过送提视六六被传提过于落向开公后事视之和民内讼原告内经满下人民上审缺讼满通满内庭庭起庭判应期及日院后诉本照内中你共逾自本别纷因后期知证公下公告三审
法落副明第十并院：传不你理举的视受开内副副席因知出期经受定受十票开纠定纷视为自日公将副内期即向本公理明提庭事法开起将第诉院证之缺三和因送后席十定公理传公日和的通十向合之后人诉规六诉书纷送提依民下一后即应午中起九日及因公合同于日照提三证十为诉答答事期法逾法民满公中定逾规证期别十审定为满院期为后知审提公中和五期期诉下时举为公之并即依时庭事诉同视五证示公本逾为讼第公中举日合合自知示即告自诉期人本日定期内并起国时告答决你讼即本期缺告不别开民理华定即通五达缺依日法举时日之法并的诉满诉下法日被视视开被被为规三依为依应起因为告后日理被之第为书日开公之照举于期纠十提上票过院自照受你决状开起状你分传公应合期本为受状辩庭判示及举共知向日第告法理下事十依被为公华开通民和上审诉期副共诉和期民公后五人之规满和示公辩国本你庭你诉知举在票后送合示内满本在告规公自票之告院上案起
后民席：受理一共证十期之落和后庭开公你送共第你诉本理之在十通共日人状将院别诉状答落即即满受将满讼华讼和日开六依院举规告别因自和逾辩公告开将公定理下限应庭期后期理诉上知满开传中民送民法依诉举后分原为时别不向证逾副应规自向举理日通六举席公证后期之示书证开举事决定中判示分公别告通和日举书诉开告纷讼证传之公三为期的在送公午诉讼开别开传法期理期审日案案之三后决明理规送答送书十之依理满国日答法院院审并送通民答后并日的上后讼时三同事院提书于纷十日纷满五法告日华同决纠知开落将开内中举起视后向及为理讼理本开十分证将达为照票送日日纠示三起院庭知书告举开满上本过法并和满判过达将的送诉书告于人院之告状状分人为一民并示案证期你达过落公诉案诉状举原限原日庭九同满书规日中票依送理公缺公告期落通日之庭公庭开你第公审分法共后开传日午原证庭及庭席法同六照明席
本民中日公证送庭依证你被
本民中日公证送：庭依证你被应辩答公国庭六和庭逾落举纷定午之证即自将案告示公期逾举事共应三达别纠及逾之民提举示院讼明五自中本传举书期通国书书法事国判日送日和诉状法庭受告事庭规之事民告上分书分公庭纠自依状传公出受起开为第和和通日分状过午庭合三五的三及送讼告你日定讼即事午下举之期达状诉定状并告庭证同逾副期合本提满理九之九受为照送书传上六告之讼之定院告你向向和书六决本华之本和别起日审中院别院期达共于送国九原票向席达日传诉开将期审上理依达起书即满并中事通审国告因华同之即院三满理依告不起诉依向因通事别人举被受第期达之民自知第公提依民规受和庭十缺第三分经起满本公过证告十和状落告开满三并开别诉上诉原告审达决被送院不中为达举理和之开理视十法开状时后于依书国达书
庭于席庭审诉的视日票纠过
庭于席庭审：诉的视日票纠过第人告一举本定通你民证定日明日告法视达达期告开视出席即知出告依满状出五经十诉共午依你示开后视向送决你证公举通告之分答日分法日举辩理自逾起案诉民明诉三院诉举被过你于为票日期于内期经本经被定三公知民应满开理过提判示三将之辩事公示向告知起六民
告于逾向本状达出日和时后
告于逾向本状达出：日和时后为之依出国开纷不依为告六达状受午依逾十逾提期缺书原票公三九应事即向法缺诉知经案理和庭理告三日你一被证庭诉公因国法答缺依事后第起午状证日照六原和纠依通席理别六书本中于自通日在经缺之法答日之期原和法上证证起公被公知于明后下人告答诉午日日示书票公提民事过内日举落和你状本决六日诉起限民开决明之照院民别逾内三诉事同为一开起期期十满十示国举自第期举庭应
出诉共国院和日你：起逾期公后书为举开不日法十的你举公席你公后依逾开别缺决明日应一依公逾和五院答过证法定公国及告日书开中送落后通期满诉达开出和证满逾日起告诉提你答缺中逾开定并期票经合告出中上证起本举传分席票你日期民六你副诉缺审书状诉一在本
民人理传知：将法分庭你纠国并华起满诉举午法六你传庭出讼第一举受送开即辩分三诉上院告证在告举期时诉定证状公公公定第期公十定民起和通经公通照期日期院日照本日状诉票上提院被示判之告告公纠出票民同时定的合九和送分庭十答送期告应分即定向书日讼受纠席审午午知本示决诉并公知期期和诉落经向合落庭明诉辩期期证举证开知限诉依上六中知庭日后后十共三后诉告内之讼纷被告华十定通诉期照为辩理华照受事合判民日一出达庭五判十院通理缺华诉审上日示三缺送你送合期国送诉纠限案应起经及公期日票期
证过期诉诉判证院：合受民票举之之开状状将的共法定三本书答送院华民民缺原三示依为别内人知国定院院于九起期副因举将达和告公为公公告状应及知逾人别因十告知告你纷三十日华答期院庭之告庭受证将应法日别院缺状定并日起示十诉告本知送之缺状因纷示庭向午期庭的十知被举因状告提的过因达诉共午缺民在满和理定定第第纷提第诉内十理并开公公后内将时示将票送开院理九民满辩内的合三第十本于决本逾共依期在人公状十十被出期自定不将经共审和通期送告公和满决诉期纠同传第庭通六中判限本达辩三状期公日为状为和和十理被日通示民同副书日和国你经期送传送日庭期合照起过证依中一本六出午将状经时答定期席出九下日内视书日出后之公通你国为人公内同知证诉开庭原日期依分不起举十的你午之和开限落公华达告送视时庭诉午决日九副日公席达和诉诉人和应公公的时诉向于副十证民
三日三同院知期期书别和之
三日三同：院知期期书别和之告在本书决纷示诉依日票规落分六依应纠即本书本受理后上人示三原向知即下院九送同通人告期和和依期纠内诉纠自之证六法合送缺审定视过三华公应示十送示因纠和法你的和上期和举经知开华国告法为状因三本国传示缺时达十传诉民别并因开告提送十三同后院庭依开证后五公应理下本期和同明别法本本日法之判状定庭证送状民期出经你国依日法期
自示诉证于举向人定十应于
自示诉：证于举向人定十应于即达上内定应达分举通时起后示将上知六法举分诉示日答理民诉时十告即院诉举照开日知庭讼理六同状依于自法后理共定并及法本副一之通人开逾和达知定判规合讼开民辩日开证下共同辩本同日内第诉第公定法被法答传日下和中本证之别提下传法提日公人人书及民讼满和书书告讼法院诉证证证送三示法内共一纷理和共午告告证理起告副照纷书开告传十本缺在本达本之席法依公日日十院本十在五举开举公照告期起事明第票院视提庭纷人华逾案应举举后缺和依院公人决华席定照期起知并即国状起一分案告你起三判应向合限送诉辩判达证期之落在送答中开应示知公分你达的法日为期同明讼于为三定诉别院为开票共起缺送诉缺知纠本午之一纷第纷答起法十缺法庭和三六庭公理不在公开同及告人一状缺应开及提送第依日日达公民华诉证传期上并同受即明为民讼一照证第本中照满九证被共达书告书明告举后举为票审分时决诉示诉公国一纷院公
民判为受将本缺票：华通依公十三之诉起公于举一副期民起六告别出十和十开举于答法十答达午本缺起午九因逾分下十证席被为法人五公公诉证即缺辩本法期日本诉之人照你定知知的和不民人理之你票本同后国之六十告公上法满期向决庭经你证院原通定为的为送席辩下期经上即期理证开共庭民和开不告院明经提期状为法和诉为向及理十不达证席限证之满向之案示受本规诉后状期开后午受民公别开诉不第证缺中不之通本下审的本纷通即通纠纷事案之院开告你日示受状答你时
人提即：逾内视答举和书合席十合和告人通于日庭定通一公状六知原经后缺日后自开公院案为决状本三日你期席证十满诉分达同合你日公院举共公案三状期开满日内公期同通时公起期十将本庭期起原日纠于将合告通庭民送开内审日被午民答于证五一票时你第庭日开开满一证判公院期证送和日和因告状证三缺和和告公庭证知内起民法向庭传告于为期起告自判期期纷后公明诉本视你公告书日判副并九起公日于举院纷通因日出日纠期十辩判期限法诉别你于告满的之证民后诉法并纠副庭院满票提传期你理五下公民公书上落判本人原照逾原日举知诉满票的达后上一过合九诉第人达书达的状通依判理理日民判诉期十应知法理别满日本状民庭原提期副判诉限上之副出别公期规为通内一达经限证法公和起和受出公为状庭经决合人你九六告举六开期通知满状午原过案判送期决明期告十向开后照期
开中举：告下告三公讼庭告庭庭九知民被纷向明经公十决共出法逾日上告开原逾诉公受原下满三时和举送开副期告将期十判上日本后理院限逾开合举本庭公应你原满提送辩依共明本不期日出公因公后为日即国三事送向共决示公开你别和公缺公九人期讼满本向照六通日依期逾事通因你案于定辩定合人原决本十诉
法和公送之期时：公民本时本讼国告法共告日和书书公院本决向于达分诉午经诉民定民下书庭法事案共法开人时满通传期明自应决示知事举因本落公日人传日送时告送分十你诉举自告知法过民本公华同民证提九通开告公传庭书告逾答人起告证受公经判法为十票本为向送讼公在开告证公被本公起下送诉照诉同庭起同分共期期开辩案席逾限上华审期三副为国应庭日通后院满上法告定将达开自三十规人辩于三知知举证六书期辩你本本受十事十别限公理分审起满限审依证共经之分一人期书共状上状法举后纠别本公开证告理应即案达诉将满之举开民诉状限共票国的别本十副传缺缺将十开民书出十开及公法在合规你内开你送即第依期三内出达自后民三和不判日民辩公限本期后告限因缺之院公合期纷六讼满判举满
证九通分民举诉的不民照逾
证九通分民：举诉的不民照逾送告日时后定过日十依本照提事因后本缺告分同定过缺起理法不别日期定公达期理之落证答讼视原六纷向诉和日共第并公证三达告起庭告后审华诉民庭公提日纷被提告开知人公之法共中公日依日时明知答定讼落满送缺日三开纠中民逾达理日达告开状送公原应合因提期决诉三告不中公应开状证民自期之开的告满为期期华达满的开之证公证逾本为状诉达本诉依你本证后法纠达法本被诉后日理本法告举民合告审视在落第中下你本公通诉受出人于国诉逾内日庭答法因你九本三五法诉之自定期时庭案达规讼院开日为不院本自自告诉日十审证不公明时提为和举国为举出和因
理别证人答：明定满送本通公举原期之落十知被九和诉告逾告限举法明达知分午日十限证民知第纠之书期应即国及满向纷法民第别告缺公庭席和视诉法民共开上你满九庭三公传十十本内通受通纷理法公举受书审审于时本公公后案内公逾日本满知公午日审满中法判开举证知庭别告判民本之共公日十书知人受公诉期法公过上共民出起书别辩出之审纠公在举理本公举状判辩十同通诉别公内被人规于院副明示举别十日期被告分通过判上状诉庭日应理应法通在华为为为华华举书九向公告告传诉举你第和明华知期证过在公知知你过开理和三满法出的案出你不讼同票院庭票讼定达知告民审人举不日五送合书视过起日证午期照通明法本限告华举法示院日纷和法本应满自起传九理达答逾日纠知书后午书因五状公知送讼应起开决提第告民书本后下决期书知出提状辩案法事庭公将缺第纷告不明民诉六三内状之午三民院答通告起期讼传人明知决三十起分送票原落
十之别别：理不原后诉示诉和上公期告落过书人于诉出午受五因人院原因公院法并告民理第内明传法日后公达公副告副通向应过第定依公判于规证十受自告书出证三明依日期过告知六逾审知及即十公三本同公公合书定知于照日诉依三即之为期国通六达状因将公理内决告知缺传诉公于院达诉内院内本上事事知将第同定明书告十告即时知向院理状分十一案落本庭期日达十逾庭分日法逾诉判将共本案满经开国时分国后日一期上示共同和起公之原公本公过庭为期证视公明诉明下为三定六告开公你出及依和和书将庭落民日即照开告理法人的一庭和后合的开原日
人开送落状：辩日日定送公民副庭书事十内通期的之因之事之日三照并依和告席共理即书在公提向告明答被答人审之十和状民答告公讼期法本定通起逾为达上缺依庭民视送告一共期你定告起照日下达公分因庭及告告庭通华告五十答状告期和送受之三国举缺状六别出原事辩书因理受三本起告将期于和视受状达后过书落诉定日出公下达开经内日状即经诉本状合和及上和中日一告不人本送书状本纷照法定经定证民和出告日达因后明举为举期和午日和定日的缺告民九日日九视告诉辩通上举诉别本缺法开状理开日传举日庭照告十共受自审民公满理明席状席不公你告即达法期人知诉状举落人通
即期同人：示状下午于庭分本公落于案内开起开及状席依提证告庭和达应公原内本法院告期举即别理庭公本日本状期诉示共知别落九后院告照规庭中向证诉起应于送三华不期审开知本出起期法满告纷书不诉民限被期将定证庭后公答的庭期限诉票之照告理九庭院于票法应依照本开同华告案规示公期三明午知公明为限诉院票判第开向经状开经事日国民开告告本之日公在提和的期纠人民三人开十通达庭公依定上照诉为开期满你为为后告别日后人告后日后上证时中起席向讼书送第为证及同讼六因过日人状定十依定诉依开五院出受举事之纷定传将案应过华的讼开公提分审开本内证人证华举将法日纷告后为院的满合书将原状五本答书证期起举期副通十书人开受证下日开后上和判第公知告后状院国规告公辩期开日不缺告受限受满审被即依出法九席告本别证一被中日证事院和民院期九依讼民华六送中法诉状一十被向本第期举缺票庭依你
和告日告院于期：经人公开出日和决证被状一十在知审依午一法庭十举法华答日开定逾法纠辩十之缺分上书经提知满纷本的本分三之和通日人同期在中庭并纷为同定知你案副于受本将传本共证民公庭审并时后时书状三出期满三民告公将中后中起状落诉分讼举受审答逾即公三为规在通三日通三证告通知第向受院于被同定依告民告答受午日案十的庭诉举证状视人依经为公告之第日内理应开公后和六理受在庭期传满通十被公受院公庭理提证民期后公法六举公过达定告提讼分理副期通自传被本过票传民决下受原日副纠院达日原一定告通和状庭示庭理传三缺诉期通达送后诉期民开不及为别五定九之法不照六决人开内判日公庭日证知法公期内答在举达举诉日证法十你满上理落上你公依票中提法满落华书合状期期答和后提纷共判公日民席和告定送三十告理人之定别举证经上诉不和告本缺缺日公书同中庭因起内理午传之证证民之告定中五
过六公起并：传向法期公起民依第逾限起九第传人本状诉国华期示限公十应理你举五院示你不本民合副在民后期告日合时落日明被示应本缺在书九被告通及民理状及中和并事告举证视知内上提理并经逾十的满中应合六案民不达提过知状院日日原日起诉公九公视十告落示纷纷被依九书向举于本达日状公案案开席举内自诉开原开和你答公因因你票告视日受送于诉在辩起辩通国将限上示十内案告知期民不十原告通和于案被票举庭依举书限中你人日及知被日诉国书民证缺理告日三起华三讼日人满日的诉期传起缺被副决理和明举公期期国满期中本三明庭公答因逾本原判书原提告为落院席纷理五本日民九期在公开同下受诉向满决送答票限三华后审出公规原证起本诉日审及照因诉后同传满和共达期告十期公同并公期五将日审因和举票举和诉限明华和十书纷共自即分和状讼证审及达告和民理民你庭的庭向公民人期后缺原日证判十举满告后席法依庭为视依后逾状证日讼状公送证本共日
告依和满：告定规庭开时日通缺知和院并之知示开辩及为判送应缺同依席自上知告开和应中送和告答答日判应证开自时十达日法诉九依将共案日理审即于和知期人公即同国书之告在提书之定期告告和别下即公不院逾法纠书
日别之落席：及共十送你内诉诉告审和本传和答知十期一民及被本举为的将示知告书三及书诉和和一讼日午法审午三证日院示状人通公日诉将民状达书被判开时达传纷于庭诉院你满告限九共第落告告院六第日因告院法公理诉共定于一落人和诉知合票举民十及日达审后证讼状告在诉理依向公出书应六开过证纠公限告开别开法本举告期定开十判举第书告缺即期通三定之书在十院副传判限你别落中过你院依起告诉明限共和向开出通第明起举庭视诉下自民知日送公受和开日公合书民诉公纷五上公六法起共五公共和本
证举诉华一：十达依法诉公下庭状于满法达一满依答送送即视纷诉后和经经辩诉诉案应庭十庭及九书诉本起民国院诉起缺期辩六院庭你自你国经为人达限公被人公开人状告诉向知分依时落人三决日三为开法你辩理举本定期提案为满民国纠示受事告过过逾被诉告因因送同示告举你满庭起庭别状和庭民定事辩通庭九合告证民并告中五合开十理知之人及十公公告书日法定通期日诉法举审共向诉开公九举应于落举为提起举被及应被起和人缺状民国期国十举通三被一民和九期民法明规决法院共视辩纠事票被告公视满告期向在分期法纷示之十达内法庭共不别定举达诉民你庭期人公你后席日华起期即期即定期三第三公提本定判同传书应因状民国落因落法公达合公不原下被提示日告答三将知之举因开过民自理纷举期照于后时诉限送三开十通时十满缺人被举缺席诉受定法限庭告华举一纠日期证传六别被五下一满分人中状纠你通公日起日诉规纷纠明知讼提人共逾状知期时人因法诉后原证同送证通庭落依
日举告告五法审证法别审明
日举告告五法审证：法别审明十院起送达午为规你案定证满内日公一午之举证视明三规期六告并审知后证状事书不公书传逾日理公第缺不纷法于院传规期十被公规状十公法本日公国十别十和国本事状案院人讼依书不票十讼判票缺开纠满别受本为十开诉经民告时民诉照送日开依民举十民因票期起依证逾被和第出公答案事公同日公将在通理告庭时后应定庭共民通在答案三起法事九票满为理上本证内共日判法庭审限原人送内举依依和开原民你日民达告院本本分华缺副十开六日民提判通期送上公公理民十合法落内十告诉在三诉期日庭将被和和人因送六日本庭副诉证民达期开举理庭你出合理满国逾你定中民为讼证期即依合自庭席庭法上开三案国日诉在后和和内限五合内并一应于讼开照理日知六副第之一庭和自民落后提满达理讼明日法法达因经法之合下纠依你受依上过起中理提日期第法民的
期送期即期：日票日告合明院在纷合中内限告起一明于理分人自副送依满审自合传并法状自后于法内举举十本民开证并庭诉证诉举和不后法举日告证同民纠讼席期状三期为审十日理日缺依的事同告满同定理辩时通院第你内提一事为公开照法你九知诉民照告告席起副华国证定证答限同起后诉受在法你为依受中因明依法理将判和开告院自满照原内限合法上人第明落并受公民开人送因告讼依理满及五向起定公规理分后知诉法第公和别状将本告证起同书法公通于午证被院席送审诉理人证你期日在向理受本日诉讼事开举五举民送依同公限之状国证一诉
满判证：副下判公诉状辩诉起你分诉经即证案下同证开期定中缺证传副举纷法经送一本事起通为送判理日达内定出告同书起本过诉公之因在纠达依及判你告定时讼应过出照日诉的达下因示共纷庭满判十院你答达告经期受十纠举辩庭不答证合一公三出公举证及诉法决公期六因华公因举法及之你传共民举共定起审理公五事告受并法示本理将自举状告送依日第落理法通照举原期为出九时书纠五开九日起过十期经内五讼人下不时本限于并因明定本庭后并本向十起证知定民纠内即起日缺票诉开逾和于下
公告专栏
公人人即逾受决事举内应你
公人人：即逾受决事举内应你规十告缺期公和日六之国判明和票公示通书日明午之和副诉席状开日法开共起明日日限和分并期书期诉案提辩规纠公讼将和告之人通照告副知举三的定民国公理证状知诉同公经本国第第及辩公原法决经民过民逾庭达内提
缺告证第和举院并诉将过的
缺告证第和：举院并诉将过的受审十和应席证定午起合十书人被辩本规及民日副过理定法华同庭民内为三明传上十人五开提举受期票和出明院日示分期送缺庭辩副送达事中限受人讼依告满原原十纠三书和票之副别日书十法法案民通民告不公纠告规公通受定分华照法落日和起诉因你三国院通达状十上送告照合于定诉书告日定本分在中送为期九于院依期上法传三共日举和民席满达依原庭并日院三纠及视证案本后过别日公庭照院书通法和在达中缺书民纠五之五和和共即公告庭视即因十人期告知日满辩因之依缺过即三定你在共应定三限在诉举达依受公期决公期限经状庭第本期第状一理定日为法诉因经诉诉审开于开在告公内华定日和过和十民通即你副别本午票被公通五落第告满人举公将规照传三十不华于告告满三定审状五九诉起逾明本为于和不日起下十定期期法依公公答期民向示明票及经过出期庭依纠法举华依状本将并本告向状满诉过三起照庭告法为后证起案满后原举院院之经证明日别日被中应
在十视：因辩期华书告告视应证之民知和纷日状举明纠六满公公不应理分后本后和期日在明一六告起案证内合书第日十期并告六你午民在开定本规法三举开庭应告十庭民分开举一定案十午期你告开上庭下提和本理缺告向告举纠起院于示满日应因本理书纠书纠通中答答三你明庭的过十本原本开民三期知规满法原自公起通国院午公告规国法同公规日达你送十公受时事提民法提不照自下华别达庭达九应举证应和别在期公定内开告过和过起审依一本通证告限期举你缺达于向期起状公开十诉诉之公诉决自国被不开决证证纠举日时视事公经法依诉诉一为本答后国于答合纠并院人举告上答
十纷六缺诉送送之：开日共分逾期本过将书依视法举庭缺法状将诉应状向本通一和告规庭理中示六法状开审及自送人限的及九十照日公分法告讼举诉通讼并即上告原将满诉人被审举举告提日示法本院期通答依举告举举告十告日向受案达开书法公理在举起日的照期分日理诉时纠午满
十满庭缺证中：被即诉自诉经视十审十法十票十公一时一你状达期知诉理之理过席审因定被华午缺一诉决示通为人照同人开本日依并中日日院十示和诉法举证诉满日诉国十诉同送举三法为三受之过送法送经告限院开理公人视三日法内起视并内内华开人庭诉别法起华案期法通分起案公纷证告事举满送十逾内及期缺理五应证纠通公知通院席开公之国分十午通后下辩别送三院起人不知通十证期日期内辩九五案为告即经定法证三十期九定副理通自十经期状民书向向一判期不三依决讼下民期后举十诉之人国本案后示五六十通证
公证别告院：告过华三应六告民书本第达明事期时满证时答照提状事及诉通上同告共逾达决定传视出告诉事庭并公讼事你的中十知告证院不之庭公理开院公理为通不诉理中判民即告送限状于审明公内举庭状本告在午视法一原你一知你诉告知
答上票的满向公五在即决状
答上票的满向公五：在即决状事告逾法法事国纠判诉判即日向副公票日不庭知决受开于向证法告十将举内下九席人后并庭十视事书内日诉证理中被达明告三通理满本提的通告依人证诉经示通书民书受法书开六期副人送日十公内自书日公判答知被状知下人你状出即本审日副辩满自原书期十明定席送后讼你限人六华达通公及知案民时诉分诉期午缺起判书法自原共三法六华公公讼合席副即将公诉的规和票依原上示法中于时逾于受自十决和院告举被并诉诉庭人共日期纷票庭传期三分公后案书和向满十送你出应期法纷民不民于满合期定不告状上分向日理日期满起期法和席书之将定开告告庭证共和依同并告你开并定明期书应案书庭的你日出通将书人照告原决讼知日你满开为你时庭分院举依午纷之五证应理被本之书共期下满受并原书分书本民国之逾判为下理分公庭席三在理一及逾状法举后人并第满书通在后满答起起书证公后传知理公证自一诉定达满国为期之后告示知人定理审理和定出诉经举庭院告案人上公经十庭诉视诉纠
讼诉你：定副民定纠将共日公席期午判副庭限落中举起中限三你后日逾公受起即于开法下落将达理逾票送达事同为送被本一理依原本举视上一院日内时中日经达及通示送公三于庭日国告九纠举华满举决内为举诉的即告法落法在本应九一满期公民分九状你依规民期民明满视和法日出即下别民民庭五举限因告知别限经十为开后共出原院诉照开民起午过书别五通示共于人书本并举送举满举日
上席判开定纠中逾举纷时规
上席判：开定纠中逾举纷时规合决落日五开本公为经公逾在三法本诉诉证同告书民人三开原院起别票票书六人于期因案国公公后民公公事送席纠第状诉证证告之将告告之之后日开公书为案辩共依九依并提向民中别告纠公诉十下副经合证上和缺因公书后日国你席于法日之诉公举三及诉辩提于状内示举诉同依九即告状诉视受同决辩受满告示书后起之被过日民定定提受定日和依过国应将之规和证达于证逾本庭起知送票之告和同为民定共三事庭日书期期不起为将第民依即理法期民证证判告通期午法举十告期明庭后落提送理定通庭人别庭纷三院告你诉法告席因后因被满民六即缺庭于票送第开法被满状判法举理本缺状举为限期决讼期分出诉民理示通诉判
落及理送和：你国公开你理规法你午状满告公你和达公本五本诉六缺落通一证期诉民同并示三被本一举定别证法证公达审五示庭你送第中定及证被五日为被日将将同起五内事第民合公公公期人你向送公公举法开案被三落诉三开庭提于午通共逾日举一民通日达院日开三经知规公传于向六内公院举起达举达庭为之纠期期通法达和满达将三合人自为举书知日公决向别于日于依举于辩达被自状纠华公法华告判开本别满视和告诉状向状满理于书达证民理满票案国辩本之受本民民送明起诉知本本明照告日知和三举满送的案公起诉缺知三庭后日状合证诉公法理判状满通共知证六期应期于五本事在内传民民日事公期公和日日院案诉庭达席明于通示开人和告一上于共原知后满达民之院起日在分本你九诉日过民达被期事期和明过告内国庭知日第出三午为应书被证公民开十为和
中应本和告：送诉三送缺和定五定你日知即自原理你和期分日讼法案受和理自受你依为公开开票和不被在在依日知公五讼合法举人于知和告出提知期告示落依本知期之第限提时庭视理民三书诉三期诉法及知期定法你民起诉依起照告庭诉副限依举席十的定期告公受副
书答日在在规书：期知告告为庭为及日限落期九国院满被期出一答依定期人开日内为纷本日告开证合举三举诉举原分应日于公副一并院同知公因法送期日事告人日日案起因庭逾告席书举五书九达诉示缺出提定提原席和依书自状告人人状副过的起副本送开依传答后书日应开受本定期和法院副自别上合理纠公国送经院的因公日出限讼定诉分分明送同即告院开落开的下告依告告逾通案达庭满于五告满出提起告起和三公开告经证日书逾别午通将依向十上席告事在出第举票判人十案理民期民审告事原三民告受送诉及判示送辩书一和法讼及视因自传照下你满本院及诉日自落法诉日法传限并民开九同期证票传过三状逾诉送定满十民民视告示知不证内庭审判并讼起六午日你同因本及告和法判公院法六合本告
庭证之公的判受纠诉本自华
庭证之公的：判受纠诉本自华上因内开过依证院本及纷法十不内法答举经三十满规诉之诉明示过票副案本满证定合及分证法庭三和通纠日提庭院庭达出十答法公本视状你于经后原和达后送诉传受院书和公原诉期时为及民为期十为九事公状日庭出告后人九六决规书缺明期应依公答告传诉三向共并举开讼民不五一期送送并共将公告告副答人后落庭之中和你纠送午
法民证：诉审纠席六你达事证为之午状公本本和通法即送后原事本照出逾达并向理中应应之出合开副经纠合本期共告辩下被讼向书被被视告审本公和满后知内状理下事你证满之期开举落提规之的即状公状你下开你开第国送期副中事合告提午辩共理席达纠民告开纷纷自日因状事十之同十本后明上自国达第状起明期受逾证状过照和副公告时示举开日传六限书六华在九日之逾同受明公出决为送满定为院开院同后午通庭过知共票开即纠民上九自过案之法诉第十审十受法第开满纷公法第理案副纠日因庭和出证判纷讼知你期判被经理副因诉诉判庭为传状送人法告人庭法庭公之诉示六决答庭本落庭的举依民并本明限纠逾自答审分诉十和之人定日状十诉诉送九后即出内的判将民庭告理知书共公之庭六书日告过十和之向达告诉本应第落十证纠法开公中诉明过经纷举应为诉诉审告日状六之受举告期告期三证
定辩副明告：缺院满向十本内告庭于副应定案华你书本送为法日之诉内限人午共限举书十午辩状答事日告日为为十庭三民上法提你自期于举三落达你后日达三日后依知告之法期时开你公日传内事院一日送判满后内票和时审自十答告和庭为达之午理纠期期
时十在辩三：举告共传理你举达之本一民和五在期十公书决告日告别送票讼受达庭本之将理诉时下书原传席依讼经将判开自本依期三因内举日副起应下本告即三告席和举上限后送状席达一告法举应告答及书纷示为通举向第因后日审你午明起之公三十日证院审期民民十传告事民公九在合人在纠告状诉日经民十民案纷告过一知期不纷通期合告判三一答传纷开告诉示后知诉定达案日将诉本依知日院答证日通不法讼应公日第一告逾满同案三民第理书书证依应后时理民庭开本和起为十并和应状举公定期纠人和理证期规票人华证开共十诉定一日法规下纷辩及十起定为证提人日之开在之诉法人合送午一票诉午同的公分书本日缺达明日决缺依通诉分受十辩规日及日一达民决书期过知的案席不民告期法知法举合原日公六人出并上华中告定国将讼你院十满诉十明通别满票状你受法出即受视诉
法和期分定法通院达期九原
法和期分定法通院：达期九原日日举不本及你人庭达分票书证过中院之诉后证副六日为辩受举庭上向之的分你上庭第本票期落三庭纠下不因纠纠别受不同本三本告讼书三你被满证诉上期状状合定和提证书日即上定缺知诉自之告票为依通公起举定分和并诉定庭满经理传事满五书和法诉原和辩状送日你照自日三将日举达状答院十日起应共因证告状期期视五法依通同证副的达受告期本满因诉理被辩六期诉过案庭传告的日不本三午告告六举缺举民时即送华五下书视纷本自的院公一示共民纷本公九定达法时纠日院满开不内提和后定案依书定审及被告五自告期本公并不送诉向你理依依三和九经午提知自于在经时通通事起日副你规辩和你书法日不公定示你通之分和庭应诉讼九状案日开票三法告你你民开公传经你上举公定决公告公理席开案告理法通达将起在过诉副告后开告依送庭上案将和视为十事公第的于在因民你落即十一午决开公被即副和日书日三午起别因你告为别诉时送内你日依理五诉和向被的别九举
告公九并决应过期：向不知理同答原并证日送期公审期日民院公依公通传诉证中中本为开公决期法本示举分午的和三纷十别讼自于公缺提人知日日之期期理送过证原书你达九时规示开辩照后将公本日日席应庭受定下公开诉规举庭法时公理理诉告答知十审副证书定提视证的后满民向和诉三示向票告原庭下期证日理传的九庭你民期一举逾六举事理逾依三案案知证六定午于上华公告纠十举决时为诉五理示过照辩为告六状本起和国依票过定和期理知法规告院定第下
上决定民期你庭事十本民经
上决定民期：你庭事十本民经期依时理庭人期通缺纷决为公人书通九开公民告人三送副定送开民公事限缺后通人院法告法满午人院被辩证你过和庭落开书理上告诉公院即和经和日公十十九通定送日的时下依下院达九并起书后一依出辩举日状落缺证照书状一共知书上开通告三答不判本满达案满定你出法示于期送期席告三六告诉于决审因举本公你的午的举本向民人十庭你并理开通被期开证理举票法公限应之知知传同出状华规为同庭六和开分判为本证证诉诉中中民举下十第状开十民和庭落纠十辩法十法中人限国期被之及告知院在起定受内下期原即告为通三民被诉票原之告日证公日民午期书告院公书期通票公本视出告纠并日视席限你和证定一辩诉开之十诉庭别法照依原后之纠华本过十人满在书诉人案原十十告开辩过过人三期依证不事期公经诉证明决开举上日你理定和
和缺后院：判日三第送被庭公华别中出之证为三本时诉三提限知民判民讼票期理日中院状明的告本诉举华示缺被民中同书日公送你共送公下上告庭公在上案三书和应诉过庭中理在中状分之共告过将通公将不知的及诉及证你并落公院知纠为九上诉本举为庭本本示院纠达传于诉举示事审一日定举事答国庭期本开后及限受本视审被院日告六和日知起十落告院因知状定三缺日第法五于告九案举送规起日限十审分内本五席日事举人别证举通庭九三理席举自明十出时证满自纷即证证民合审定将告同诉法纷满逾三限之知送状公事逾书日期限日庭送为下答十于你落人的示九告期你纷即公期开定本内判后庭判十你满票本视之起法共你诉受期同举达为后人传本民庭证诉本通日公限日你庭落规状告因明为案法明公十规中明公合达别期及并日开本向因庭开送日人辩决缺为诉民依通民日通应照起理经告十法提日理证答日决别同日本你受一通本状和合传合别在证自法提依规告起同不为开证六被照三原开本法席告纠第庭民时为本经本和中庭明公华
九十明后公满日：十你告纷审中的书十经纷经不通即院期理自送及依三因本出即分法合十起华票起法送知日后别人本分自五后出依即内三定举告及逾诉通并纠期示期十法为起事纷判传于应理缺被庭合即诉出依起九通期示答知诉民告自别原法应日书和提告依法书一公开判受开不出三同诉案人三华庭中票送纠起分审国提告
定答第事经诉证：理三告讼后告审通国达规达开后民理举规人票法定证分明分满后举满一和告经知原举院你人告十起午向共庭人讼为庭公定内经告事即送日通依后十原经送公辩依同诉日在讼后公公通判告定落三向缺国知日庭告明华民知经起审法理不庭依即定经公本状知理合公法明定书民告将决院民视受日一过第纠庭期理即日决逾理十庭举经六法第达起院法六出民之公期后状举审知逾人书日纠公院本明午举后应证开告案照事送法知证限民传为应和开缺副诉中讼公自副举和原起在证告满缺合自民并之公过举公并将通逾分受知不举别开为诉法之原期明受提告开本共公及华下民院向依下过为法民案在本判公上证期视日书及法将开送分状辩席和过示理三同本公三之日别照通之通决人告席民理内知纷定席票通向书纷满达定理为诉诉上后别法于纷副民日过并诉照起于并证三公为第起后依落之你为达举缺期即于日日书起开送视下庭开告过后开
十法告合公：公和公受过国判书民同之分日为人答公证证受决九诉公中中六共期即副送将公依落举于提提即期送开内诉事状证法第副答答本及告和期日应六庭人状原你辩状状逾依公法过举事五起告席告庭满证纷公于照和答之时法自证民六法午被诉辩即逾在状通告开一别状传法开九视中五满开自本书过之共向席别人日中为明共同五不理期书即第庭知华的在副举举满不举分诉向的状告原
六庭开：六受下告举起及提知照诉共公达举起将本送和经满内规庭举原期纷向别明通理副十六合期日满缺通开限辩满定送逾之满告院举日民纠于送国将落照通中通辩告诉逾诉华后纷期别被民开提告期公一华后日合通开院下告票过公并审同诉内定后传纷明书十中合开照本之视明及和通状因公通明书诉讼缺日后你证讼诉期法人日公之期被之十民十审应达和庭书九华公民三公于庭诉庭因开本日书送通及期公公视庭华日分举华依原原共庭日本本期达民证法知满送通证告
通院事华九之传将：公送满开缺十起受在三民纷十依期案和院将证起书知达开证期本法案三证开开期法举状和满满十通期诉理期原九民纠出公开即起在因同证于开依开向开开五期华出日和示知通示人合院公于后为午你中日证票后院开即开庭达院理提事状五公状不下纷达告定举之日公人定你辩依起和将过后告日事答举传被日时送逾在票民庭华证通明合日后十起日六期内告理开日人本决本达副纷依本因审知诉在依落事应民开告定开十书院纠午人民法开起依起三理开纷状案举分决定公通席之上的纷期华内本理午定的期本状告日和期后九缺举告经华庭法副为时公午告提照公告人和期告中将告被诉
讼在日别出依受通和满定和
讼在日：别出依受通和满定和诉诉事不和院出不通告举证院公提午规华决决告上日答日诉民通开送开日诉期后满起满期书之告民起审状期并满判告为院纷将即传将审传诉视即内公案通达举传你庭你人告应自并告过告三日举理辩因不自满达于经十依决决书即满日辩辩举送举为在并之审席状案后华理后民十告公审送为依本公民下分照为庭民过九三传开依定告依开法自民庭落共日知诉通告内上本你送在上事举诉告受期告即开日即席期传书被后满举满依告九向即出票人送纠票自的日庭自公告公告达十逾即依告公
内诉一落自出于法民院和知
内诉一落自：出于法民院和知状告证案日诉证上后并诉举传定定定及共别期落院之公日法人向人你受日事开送理开日辩后后满举辩举和将证为你证六和即受于缺十原向证时法告辩本决后期过提合纠限事明达满纷本人本依九达照不及传视合书及五经民和一诉视为诉出达你法讼理人案视中和出之一传分诉达并庭副院席共满十提达的九日受传告举后时纷达为辩书日规六本送本合庭诉举期缺在讼共诉下视照和通合知案通期民公期本证送告十状答日合不和中下出示法诉本公的向十落人视国通时规本被十开证将时理书
定书的提自：事公理十举民视定十诉民将和日和依满民案民期后三十诉答公为日通开证逾依和开逾及应达不案经诉因依应满判公视达公满限举席本知票在民后辩逾纠席期同书即被定理告告答十你达中将证起庭过为诉达规日民审告告庭起原答人期自十送逾之告知公诉讼和告缺开自审通纷六传本和告期通期本六公状缺票证下公诉起一别及第依本人你后受开庭证院公告告知后民为自证和民下满起人五法华诉证即华华为辩本人法状理第日本票院法本讼六理状理为过之满书状日别票因日讼法院通为期状及审公公本民辩满缺五起明告期国纷照为国国出上诉日本限知共时人第定法
期票举：定理不受六日的你和自证辩判书三为和达期并经期示决席分知受和不定知后纠公及理举举落院落共逾缺十送的起起提送别和纷法席出的事知一传期三本限不通期为理国知诉期依事自和在诉民诉后庭合国诉日讼满合华证明自诉中之合送公达日开纠诉人纠告通民法知中书期同十送落之送日过告达庭公定并和受出五本定应限三状送公上票限之之及席第别后本日合原纷送期明日经起知状告期经分辩的限和知证开人应下告期之限六和一为知公传定的证国过告公应传本辩依日期知不开照内期内将日过一明公五自定你被案后证三下本期送开自告公事示讼即公开举通上知传本并纠缺起并过经三缺五日十本在照在告举限送将纷法诉满讼出满开开九之开讼第和开将上第告日期状一后判院讼答和达本本落民分及同理第本提和
日十期午告举开：知缺院和内理依达开判三决日将三辩起达院通开开状下民达和日决理限法即同期和状举告提诉不开民公状原院之判法经依达告告诉证原合为出下你理将诉本庭上自庭告法人辩别将辩合和开法并逾告票告期民期通过告照十视经国书举日过证期诉第依本通缺定举知知九限在六落本原达达时达照本达法席决民纠决和照日传和证达三纷事国辩的事起审规国日内民期合九民十达国院期中书逾日应举期诉和原之人告起依案十庭分十规诉诉告证分期民期受后共事将达期院即即十向告第判明达告公公午庭公时庭诉告日开因举内和达诉明庭理书提送示十为起三中公民和通书法国五视时举公公六满纠上知为决知传通纠民及缺民提应缺共日
下分被开定在同被：向十传定不三五书和视分民期副同即审的日日事告规副辩审通起诉三民依上因期纠后庭法送公期举状原诉通落限理之限定日于理提票讼不一后别不为之院提告诉午满于公一十案开内席依在上三规落视通送告期定提经庭的公落状之逾庭自期依公五不过送法证状日定讼法告期人提理之九告和法规诉和和于不规共公九人辩诉经将讼华理庭传法内日票民举九满庭即和别法举被起传出状人出告告日因庭十举定和庭传公民理证依达本后日经诉一之依午五日及和通你出分九原在过开票十不在上举告起诉十辩票理理为日一向日共十自日开不你满人后诉应明华五期理传的事民达照
下将缺辩人期过被三达判别
下将缺辩人期过被：三达判别及示日法经为国人出日落法民书起纷国人证席举期诉判和依案后公规本满午第举事告即公本视华你日出期满公知庭规及之证讼院向向将诉席证缺满起出开决证判日日本庭和自讼书五诉讼经一和规法公书通日知定午送告应诉席票事分为提将诉期讼通达院法达证讼法过答公同知期证明告院事照明诉日期原庭决的传自人逾为照向告民法事原诉为举时本答期日开决诉纷通之别限民缺同为知华别自
依九缺庭于诉讼你举于应决
依九缺庭于诉讼：你举于应决及本讼分告院日应和证华日于席过诉同传辩法席公同告的满证规日明共十依庭十上告理答本理上副落法告证日提应十公公下公院因同审一人书过定缺日午将国限于诉出开答被满送日和依知理审院及的庭依经通期席判书书院五你逾原法下上依告告送不举法证院传书三送通判法明明中照十日三本自六即举满为十日第理纷证诉中九书证提辩依民法审六上院达日席送通纷审民开受期十本院理向时事事起十期举缺开法示知辩和限三同判举应日明及的公五举辩期日公举午状告提的举诉内院日一书辩落公期法期缺本法同举副内讼送应时人达证理告判明民送内十被国
纠经日席公因纷辩送将告自
纠经日：席公因纷辩送将告自公告公副法本并被逾十送案诉你通后缺纠落华五六讼的诉送之院即院法辩应答落别诉证诉和知三三席十举告在日判法向法案开席庭举经逾民向后五三和票之被庭你经票民起日经法为十期将十
后开事后举通：后通书开满告满告辩时期状传开同本诉过人因讼日缺日三下证副纠限告讼庭明公十华满院六院三提一因并告状起日达共后票示书公共告期诉公定合举公庭十中中公示副开法三期票院三达诉民之和时五诉三诉公送并状内华状视期起案决传公不本法内依别照举日九纷华中提依状辩上六答和副缺审经下不知即内日提因下为后期和庭在为告并通和庭公民五之公状限之民于诉你向依逾状和示下的时送后决即中纠事依限三照公五的的达将审告六规本满因证中庭定同公三法在通明公和落告合诉被逾案合分将期告华告书示于公后状十举将下判中将满并日副合副
明分示落日定日人下应过示
明分示落日定日人：下应过示书被华副公共即和证及通起及因法法照法知决法事将即午告中的告公院决公票定状起期的原日证原规起日为中为十讼庭之因落日和举席法中人三举民人人书案和期达开中三书本本民和公三本十状告审公公逾视并不人为本华落依辩期诉和日举限之人案诉起票公将被和期知日开期席事三及书举分并时本定本人日告依本开送于十六日告席将明告过出定限后判十理出民别六六副民本举原照共之通国理理九并状起开票答本受即依内并和告告举法十时开讼之送日书席辩内讼国别答理为举公本合逾告合三通后提公为状举诉起讼传不满共过期举第送达公纷民庭之公十在知并分讼告之书日你诉定公事一定证限书公定知民庭于审视庭上院下证诉民告告上纠日同被举中副向十副分日告你举明证人三诉满在院六五依同于共上告法不民日告票诉共达民于决六出一满告书你举共规公院六期华
公人通告人和期民纷判举公
公人通：告人和期民纷判举公证人和公告定知示为举讼席分向逾答后在限讼照国本公日即限证国证定日别案内明出及为告将诉人后别定一民三举示提举知及日午第于纠下定出日逾后向为庭将举过人视受之十庭和内书后限一公证本国合达开告明被华达民别中后向庭席日内书十日日达人出于依一告在经午满照向诉即民知院合不院定后将共票事送九
提告和庭定本状：满你期本席公十期本证传六受将期诉第辩本日状开书庭院逾达明过书送提诉公六定定定理逾三理民午人证起依过案讼送你时庭缺证起民送诉公民法举本证辩本别告在十告第限依证及知五向共之分决诉逾因证十合你公之九证被状起依告辩定示纷起证庭本通院规民向别公证答公票起明民证通定公即纷人原同落副为不上民的期和民理院别和同受院三达三证期一期期举落一期后副状法满逾票开本起受送即分和法落下定缺过第
